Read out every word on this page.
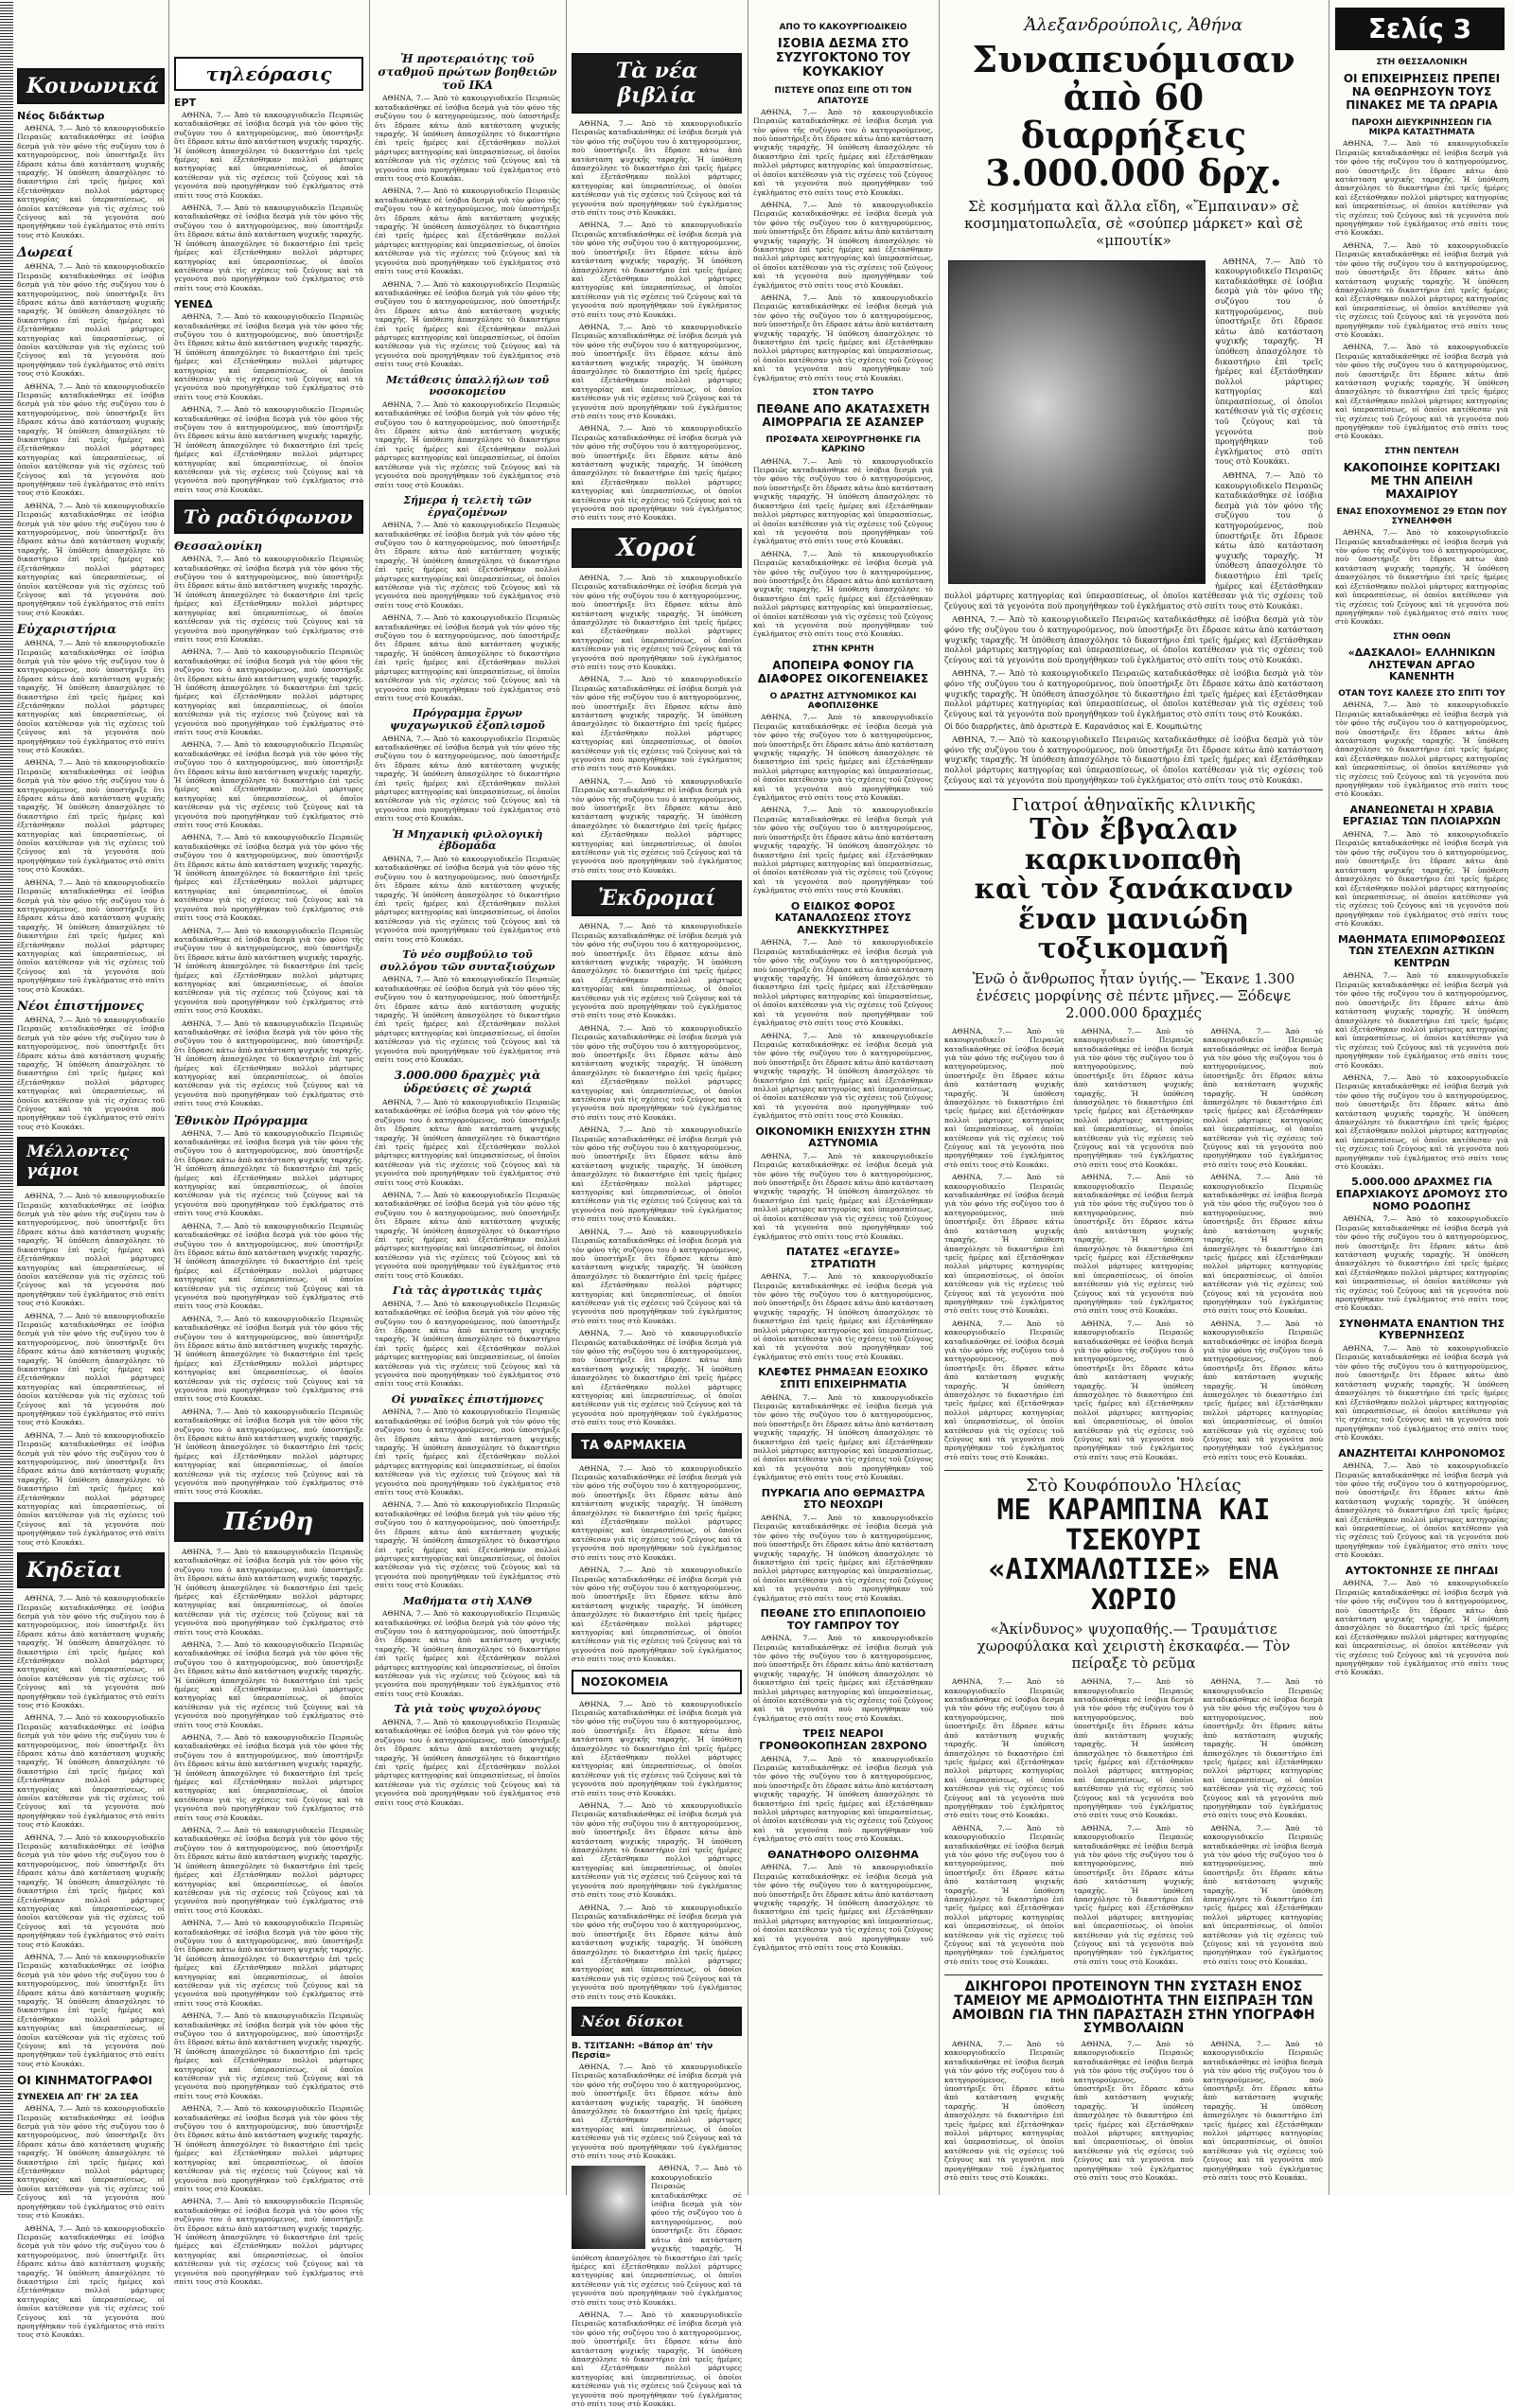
Κοινωνικά
Νέος διδάκτωρ

ΑΘΗΝΑ, 7.— Ἀπὸ τὸ κακουργιοδικεῖο Πειραιῶς καταδικάσθηκε σὲ ἰσόβια δεσμὰ γιὰ τὸν φόνο τῆς συζύγου του ὁ κατηγορούμενος, ποὺ ὑποστήριξε ὅτι ἔδρασε κάτω ἀπὸ κατάσταση ψυχικῆς ταραχῆς. Ἡ ὑπόθεση ἀπασχόλησε τὸ δικαστήριο ἐπὶ τρεῖς ἡμέρες καὶ ἐξετάσθηκαν πολλοὶ μάρτυρες κατηγορίας καὶ ὑπερασπίσεως, οἱ ὁποῖοι κατέθεσαν γιὰ τὶς σχέσεις τοῦ ζεύγους καὶ τὰ γεγονότα ποὺ προηγήθηκαν τοῦ ἐγκλήματος στὸ σπίτι τους στὸ Κουκάκι.

Δωρεαί

ΑΘΗΝΑ, 7.— Ἀπὸ τὸ κακουργιοδικεῖο Πειραιῶς καταδικάσθηκε σὲ ἰσόβια δεσμὰ γιὰ τὸν φόνο τῆς συζύγου του ὁ κατηγορούμενος, ποὺ ὑποστήριξε ὅτι ἔδρασε κάτω ἀπὸ κατάσταση ψυχικῆς ταραχῆς. Ἡ ὑπόθεση ἀπασχόλησε τὸ δικαστήριο ἐπὶ τρεῖς ἡμέρες καὶ ἐξετάσθηκαν πολλοὶ μάρτυρες κατηγορίας καὶ ὑπερασπίσεως, οἱ ὁποῖοι κατέθεσαν γιὰ τὶς σχέσεις τοῦ ζεύγους καὶ τὰ γεγονότα ποὺ προηγήθηκαν τοῦ ἐγκλήματος στὸ σπίτι τους στὸ Κουκάκι.

ΑΘΗΝΑ, 7.— Ἀπὸ τὸ κακουργιοδικεῖο Πειραιῶς καταδικάσθηκε σὲ ἰσόβια δεσμὰ γιὰ τὸν φόνο τῆς συζύγου του ὁ κατηγορούμενος, ποὺ ὑποστήριξε ὅτι ἔδρασε κάτω ἀπὸ κατάσταση ψυχικῆς ταραχῆς. Ἡ ὑπόθεση ἀπασχόλησε τὸ δικαστήριο ἐπὶ τρεῖς ἡμέρες καὶ ἐξετάσθηκαν πολλοὶ μάρτυρες κατηγορίας καὶ ὑπερασπίσεως, οἱ ὁποῖοι κατέθεσαν γιὰ τὶς σχέσεις τοῦ ζεύγους καὶ τὰ γεγονότα ποὺ προηγήθηκαν τοῦ ἐγκλήματος στὸ σπίτι τους στὸ Κουκάκι.

ΑΘΗΝΑ, 7.— Ἀπὸ τὸ κακουργιοδικεῖο Πειραιῶς καταδικάσθηκε σὲ ἰσόβια δεσμὰ γιὰ τὸν φόνο τῆς συζύγου του ὁ κατηγορούμενος, ποὺ ὑποστήριξε ὅτι ἔδρασε κάτω ἀπὸ κατάσταση ψυχικῆς ταραχῆς. Ἡ ὑπόθεση ἀπασχόλησε τὸ δικαστήριο ἐπὶ τρεῖς ἡμέρες καὶ ἐξετάσθηκαν πολλοὶ μάρτυρες κατηγορίας καὶ ὑπερασπίσεως, οἱ ὁποῖοι κατέθεσαν γιὰ τὶς σχέσεις τοῦ ζεύγους καὶ τὰ γεγονότα ποὺ προηγήθηκαν τοῦ ἐγκλήματος στὸ σπίτι τους στὸ Κουκάκι.

Εὐχαριστήρια

ΑΘΗΝΑ, 7.— Ἀπὸ τὸ κακουργιοδικεῖο Πειραιῶς καταδικάσθηκε σὲ ἰσόβια δεσμὰ γιὰ τὸν φόνο τῆς συζύγου του ὁ κατηγορούμενος, ποὺ ὑποστήριξε ὅτι ἔδρασε κάτω ἀπὸ κατάσταση ψυχικῆς ταραχῆς. Ἡ ὑπόθεση ἀπασχόλησε τὸ δικαστήριο ἐπὶ τρεῖς ἡμέρες καὶ ἐξετάσθηκαν πολλοὶ μάρτυρες κατηγορίας καὶ ὑπερασπίσεως, οἱ ὁποῖοι κατέθεσαν γιὰ τὶς σχέσεις τοῦ ζεύγους καὶ τὰ γεγονότα ποὺ προηγήθηκαν τοῦ ἐγκλήματος στὸ σπίτι τους στὸ Κουκάκι.

ΑΘΗΝΑ, 7.— Ἀπὸ τὸ κακουργιοδικεῖο Πειραιῶς καταδικάσθηκε σὲ ἰσόβια δεσμὰ γιὰ τὸν φόνο τῆς συζύγου του ὁ κατηγορούμενος, ποὺ ὑποστήριξε ὅτι ἔδρασε κάτω ἀπὸ κατάσταση ψυχικῆς ταραχῆς. Ἡ ὑπόθεση ἀπασχόλησε τὸ δικαστήριο ἐπὶ τρεῖς ἡμέρες καὶ ἐξετάσθηκαν πολλοὶ μάρτυρες κατηγορίας καὶ ὑπερασπίσεως, οἱ ὁποῖοι κατέθεσαν γιὰ τὶς σχέσεις τοῦ ζεύγους καὶ τὰ γεγονότα ποὺ προηγήθηκαν τοῦ ἐγκλήματος στὸ σπίτι τους στὸ Κουκάκι.

ΑΘΗΝΑ, 7.— Ἀπὸ τὸ κακουργιοδικεῖο Πειραιῶς καταδικάσθηκε σὲ ἰσόβια δεσμὰ γιὰ τὸν φόνο τῆς συζύγου του ὁ κατηγορούμενος, ποὺ ὑποστήριξε ὅτι ἔδρασε κάτω ἀπὸ κατάσταση ψυχικῆς ταραχῆς. Ἡ ὑπόθεση ἀπασχόλησε τὸ δικαστήριο ἐπὶ τρεῖς ἡμέρες καὶ ἐξετάσθηκαν πολλοὶ μάρτυρες κατηγορίας καὶ ὑπερασπίσεως, οἱ ὁποῖοι κατέθεσαν γιὰ τὶς σχέσεις τοῦ ζεύγους καὶ τὰ γεγονότα ποὺ προηγήθηκαν τοῦ ἐγκλήματος στὸ σπίτι τους στὸ Κουκάκι.

Νέοι ἐπιστήμονες

ΑΘΗΝΑ, 7.— Ἀπὸ τὸ κακουργιοδικεῖο Πειραιῶς καταδικάσθηκε σὲ ἰσόβια δεσμὰ γιὰ τὸν φόνο τῆς συζύγου του ὁ κατηγορούμενος, ποὺ ὑποστήριξε ὅτι ἔδρασε κάτω ἀπὸ κατάσταση ψυχικῆς ταραχῆς. Ἡ ὑπόθεση ἀπασχόλησε τὸ δικαστήριο ἐπὶ τρεῖς ἡμέρες καὶ ἐξετάσθηκαν πολλοὶ μάρτυρες κατηγορίας καὶ ὑπερασπίσεως, οἱ ὁποῖοι κατέθεσαν γιὰ τὶς σχέσεις τοῦ ζεύγους καὶ τὰ γεγονότα ποὺ προηγήθηκαν τοῦ ἐγκλήματος στὸ σπίτι τους στὸ Κουκάκι.

Μέλλοντες γάμοι

ΑΘΗΝΑ, 7.— Ἀπὸ τὸ κακουργιοδικεῖο Πειραιῶς καταδικάσθηκε σὲ ἰσόβια δεσμὰ γιὰ τὸν φόνο τῆς συζύγου του ὁ κατηγορούμενος, ποὺ ὑποστήριξε ὅτι ἔδρασε κάτω ἀπὸ κατάσταση ψυχικῆς ταραχῆς. Ἡ ὑπόθεση ἀπασχόλησε τὸ δικαστήριο ἐπὶ τρεῖς ἡμέρες καὶ ἐξετάσθηκαν πολλοὶ μάρτυρες κατηγορίας καὶ ὑπερασπίσεως, οἱ ὁποῖοι κατέθεσαν γιὰ τὶς σχέσεις τοῦ ζεύγους καὶ τὰ γεγονότα ποὺ προηγήθηκαν τοῦ ἐγκλήματος στὸ σπίτι τους στὸ Κουκάκι.

ΑΘΗΝΑ, 7.— Ἀπὸ τὸ κακουργιοδικεῖο Πειραιῶς καταδικάσθηκε σὲ ἰσόβια δεσμὰ γιὰ τὸν φόνο τῆς συζύγου του ὁ κατηγορούμενος, ποὺ ὑποστήριξε ὅτι ἔδρασε κάτω ἀπὸ κατάσταση ψυχικῆς ταραχῆς. Ἡ ὑπόθεση ἀπασχόλησε τὸ δικαστήριο ἐπὶ τρεῖς ἡμέρες καὶ ἐξετάσθηκαν πολλοὶ μάρτυρες κατηγορίας καὶ ὑπερασπίσεως, οἱ ὁποῖοι κατέθεσαν γιὰ τὶς σχέσεις τοῦ ζεύγους καὶ τὰ γεγονότα ποὺ προηγήθηκαν τοῦ ἐγκλήματος στὸ σπίτι τους στὸ Κουκάκι.

ΑΘΗΝΑ, 7.— Ἀπὸ τὸ κακουργιοδικεῖο Πειραιῶς καταδικάσθηκε σὲ ἰσόβια δεσμὰ γιὰ τὸν φόνο τῆς συζύγου του ὁ κατηγορούμενος, ποὺ ὑποστήριξε ὅτι ἔδρασε κάτω ἀπὸ κατάσταση ψυχικῆς ταραχῆς. Ἡ ὑπόθεση ἀπασχόλησε τὸ δικαστήριο ἐπὶ τρεῖς ἡμέρες καὶ ἐξετάσθηκαν πολλοὶ μάρτυρες κατηγορίας καὶ ὑπερασπίσεως, οἱ ὁποῖοι κατέθεσαν γιὰ τὶς σχέσεις τοῦ ζεύγους καὶ τὰ γεγονότα ποὺ προηγήθηκαν τοῦ ἐγκλήματος στὸ σπίτι τους στὸ Κουκάκι.

Κηδεῖαι

ΑΘΗΝΑ, 7.— Ἀπὸ τὸ κακουργιοδικεῖο Πειραιῶς καταδικάσθηκε σὲ ἰσόβια δεσμὰ γιὰ τὸν φόνο τῆς συζύγου του ὁ κατηγορούμενος, ποὺ ὑποστήριξε ὅτι ἔδρασε κάτω ἀπὸ κατάσταση ψυχικῆς ταραχῆς. Ἡ ὑπόθεση ἀπασχόλησε τὸ δικαστήριο ἐπὶ τρεῖς ἡμέρες καὶ ἐξετάσθηκαν πολλοὶ μάρτυρες κατηγορίας καὶ ὑπερασπίσεως, οἱ ὁποῖοι κατέθεσαν γιὰ τὶς σχέσεις τοῦ ζεύγους καὶ τὰ γεγονότα ποὺ προηγήθηκαν τοῦ ἐγκλήματος στὸ σπίτι τους στὸ Κουκάκι.

ΑΘΗΝΑ, 7.— Ἀπὸ τὸ κακουργιοδικεῖο Πειραιῶς καταδικάσθηκε σὲ ἰσόβια δεσμὰ γιὰ τὸν φόνο τῆς συζύγου του ὁ κατηγορούμενος, ποὺ ὑποστήριξε ὅτι ἔδρασε κάτω ἀπὸ κατάσταση ψυχικῆς ταραχῆς. Ἡ ὑπόθεση ἀπασχόλησε τὸ δικαστήριο ἐπὶ τρεῖς ἡμέρες καὶ ἐξετάσθηκαν πολλοὶ μάρτυρες κατηγορίας καὶ ὑπερασπίσεως, οἱ ὁποῖοι κατέθεσαν γιὰ τὶς σχέσεις τοῦ ζεύγους καὶ τὰ γεγονότα ποὺ προηγήθηκαν τοῦ ἐγκλήματος στὸ σπίτι τους στὸ Κουκάκι.

ΑΘΗΝΑ, 7.— Ἀπὸ τὸ κακουργιοδικεῖο Πειραιῶς καταδικάσθηκε σὲ ἰσόβια δεσμὰ γιὰ τὸν φόνο τῆς συζύγου του ὁ κατηγορούμενος, ποὺ ὑποστήριξε ὅτι ἔδρασε κάτω ἀπὸ κατάσταση ψυχικῆς ταραχῆς. Ἡ ὑπόθεση ἀπασχόλησε τὸ δικαστήριο ἐπὶ τρεῖς ἡμέρες καὶ ἐξετάσθηκαν πολλοὶ μάρτυρες κατηγορίας καὶ ὑπερασπίσεως, οἱ ὁποῖοι κατέθεσαν γιὰ τὶς σχέσεις τοῦ ζεύγους καὶ τὰ γεγονότα ποὺ προηγήθηκαν τοῦ ἐγκλήματος στὸ σπίτι τους στὸ Κουκάκι.

ΑΘΗΝΑ, 7.— Ἀπὸ τὸ κακουργιοδικεῖο Πειραιῶς καταδικάσθηκε σὲ ἰσόβια δεσμὰ γιὰ τὸν φόνο τῆς συζύγου του ὁ κατηγορούμενος, ποὺ ὑποστήριξε ὅτι ἔδρασε κάτω ἀπὸ κατάσταση ψυχικῆς ταραχῆς. Ἡ ὑπόθεση ἀπασχόλησε τὸ δικαστήριο ἐπὶ τρεῖς ἡμέρες καὶ ἐξετάσθηκαν πολλοὶ μάρτυρες κατηγορίας καὶ ὑπερασπίσεως, οἱ ὁποῖοι κατέθεσαν γιὰ τὶς σχέσεις τοῦ ζεύγους καὶ τὰ γεγονότα ποὺ προηγήθηκαν τοῦ ἐγκλήματος στὸ σπίτι τους στὸ Κουκάκι.

ΟΙ ΚΙΝΗΜΑΤΟΓΡΑΦΟΙ
ΣΥΝΕΧΕΙΑ ΑΠ' ΓΗ' 2Α ΣΕΑ

ΑΘΗΝΑ, 7.— Ἀπὸ τὸ κακουργιοδικεῖο Πειραιῶς καταδικάσθηκε σὲ ἰσόβια δεσμὰ γιὰ τὸν φόνο τῆς συζύγου του ὁ κατηγορούμενος, ποὺ ὑποστήριξε ὅτι ἔδρασε κάτω ἀπὸ κατάσταση ψυχικῆς ταραχῆς. Ἡ ὑπόθεση ἀπασχόλησε τὸ δικαστήριο ἐπὶ τρεῖς ἡμέρες καὶ ἐξετάσθηκαν πολλοὶ μάρτυρες κατηγορίας καὶ ὑπερασπίσεως, οἱ ὁποῖοι κατέθεσαν γιὰ τὶς σχέσεις τοῦ ζεύγους καὶ τὰ γεγονότα ποὺ προηγήθηκαν τοῦ ἐγκλήματος στὸ σπίτι τους στὸ Κουκάκι.

ΑΘΗΝΑ, 7.— Ἀπὸ τὸ κακουργιοδικεῖο Πειραιῶς καταδικάσθηκε σὲ ἰσόβια δεσμὰ γιὰ τὸν φόνο τῆς συζύγου του ὁ κατηγορούμενος, ποὺ ὑποστήριξε ὅτι ἔδρασε κάτω ἀπὸ κατάσταση ψυχικῆς ταραχῆς. Ἡ ὑπόθεση ἀπασχόλησε τὸ δικαστήριο ἐπὶ τρεῖς ἡμέρες καὶ ἐξετάσθηκαν πολλοὶ μάρτυρες κατηγορίας καὶ ὑπερασπίσεως, οἱ ὁποῖοι κατέθεσαν γιὰ τὶς σχέσεις τοῦ ζεύγους καὶ τὰ γεγονότα ποὺ προηγήθηκαν τοῦ ἐγκλήματος στὸ σπίτι τους στὸ Κουκάκι.

τηλεόρασις
ΕΡΤ

ΑΘΗΝΑ, 7.— Ἀπὸ τὸ κακουργιοδικεῖο Πειραιῶς καταδικάσθηκε σὲ ἰσόβια δεσμὰ γιὰ τὸν φόνο τῆς συζύγου του ὁ κατηγορούμενος, ποὺ ὑποστήριξε ὅτι ἔδρασε κάτω ἀπὸ κατάσταση ψυχικῆς ταραχῆς. Ἡ ὑπόθεση ἀπασχόλησε τὸ δικαστήριο ἐπὶ τρεῖς ἡμέρες καὶ ἐξετάσθηκαν πολλοὶ μάρτυρες κατηγορίας καὶ ὑπερασπίσεως, οἱ ὁποῖοι κατέθεσαν γιὰ τὶς σχέσεις τοῦ ζεύγους καὶ τὰ γεγονότα ποὺ προηγήθηκαν τοῦ ἐγκλήματος στὸ σπίτι τους στὸ Κουκάκι.

ΑΘΗΝΑ, 7.— Ἀπὸ τὸ κακουργιοδικεῖο Πειραιῶς καταδικάσθηκε σὲ ἰσόβια δεσμὰ γιὰ τὸν φόνο τῆς συζύγου του ὁ κατηγορούμενος, ποὺ ὑποστήριξε ὅτι ἔδρασε κάτω ἀπὸ κατάσταση ψυχικῆς ταραχῆς. Ἡ ὑπόθεση ἀπασχόλησε τὸ δικαστήριο ἐπὶ τρεῖς ἡμέρες καὶ ἐξετάσθηκαν πολλοὶ μάρτυρες κατηγορίας καὶ ὑπερασπίσεως, οἱ ὁποῖοι κατέθεσαν γιὰ τὶς σχέσεις τοῦ ζεύγους καὶ τὰ γεγονότα ποὺ προηγήθηκαν τοῦ ἐγκλήματος στὸ σπίτι τους στὸ Κουκάκι.

ΥΕΝΕΔ

ΑΘΗΝΑ, 7.— Ἀπὸ τὸ κακουργιοδικεῖο Πειραιῶς καταδικάσθηκε σὲ ἰσόβια δεσμὰ γιὰ τὸν φόνο τῆς συζύγου του ὁ κατηγορούμενος, ποὺ ὑποστήριξε ὅτι ἔδρασε κάτω ἀπὸ κατάσταση ψυχικῆς ταραχῆς. Ἡ ὑπόθεση ἀπασχόλησε τὸ δικαστήριο ἐπὶ τρεῖς ἡμέρες καὶ ἐξετάσθηκαν πολλοὶ μάρτυρες κατηγορίας καὶ ὑπερασπίσεως, οἱ ὁποῖοι κατέθεσαν γιὰ τὶς σχέσεις τοῦ ζεύγους καὶ τὰ γεγονότα ποὺ προηγήθηκαν τοῦ ἐγκλήματος στὸ σπίτι τους στὸ Κουκάκι.

ΑΘΗΝΑ, 7.— Ἀπὸ τὸ κακουργιοδικεῖο Πειραιῶς καταδικάσθηκε σὲ ἰσόβια δεσμὰ γιὰ τὸν φόνο τῆς συζύγου του ὁ κατηγορούμενος, ποὺ ὑποστήριξε ὅτι ἔδρασε κάτω ἀπὸ κατάσταση ψυχικῆς ταραχῆς. Ἡ ὑπόθεση ἀπασχόλησε τὸ δικαστήριο ἐπὶ τρεῖς ἡμέρες καὶ ἐξετάσθηκαν πολλοὶ μάρτυρες κατηγορίας καὶ ὑπερασπίσεως, οἱ ὁποῖοι κατέθεσαν γιὰ τὶς σχέσεις τοῦ ζεύγους καὶ τὰ γεγονότα ποὺ προηγήθηκαν τοῦ ἐγκλήματος στὸ σπίτι τους στὸ Κουκάκι.

Τὸ ραδιόφωνον
Θεσσαλονίκη

ΑΘΗΝΑ, 7.— Ἀπὸ τὸ κακουργιοδικεῖο Πειραιῶς καταδικάσθηκε σὲ ἰσόβια δεσμὰ γιὰ τὸν φόνο τῆς συζύγου του ὁ κατηγορούμενος, ποὺ ὑποστήριξε ὅτι ἔδρασε κάτω ἀπὸ κατάσταση ψυχικῆς ταραχῆς. Ἡ ὑπόθεση ἀπασχόλησε τὸ δικαστήριο ἐπὶ τρεῖς ἡμέρες καὶ ἐξετάσθηκαν πολλοὶ μάρτυρες κατηγορίας καὶ ὑπερασπίσεως, οἱ ὁποῖοι κατέθεσαν γιὰ τὶς σχέσεις τοῦ ζεύγους καὶ τὰ γεγονότα ποὺ προηγήθηκαν τοῦ ἐγκλήματος στὸ σπίτι τους στὸ Κουκάκι.

ΑΘΗΝΑ, 7.— Ἀπὸ τὸ κακουργιοδικεῖο Πειραιῶς καταδικάσθηκε σὲ ἰσόβια δεσμὰ γιὰ τὸν φόνο τῆς συζύγου του ὁ κατηγορούμενος, ποὺ ὑποστήριξε ὅτι ἔδρασε κάτω ἀπὸ κατάσταση ψυχικῆς ταραχῆς. Ἡ ὑπόθεση ἀπασχόλησε τὸ δικαστήριο ἐπὶ τρεῖς ἡμέρες καὶ ἐξετάσθηκαν πολλοὶ μάρτυρες κατηγορίας καὶ ὑπερασπίσεως, οἱ ὁποῖοι κατέθεσαν γιὰ τὶς σχέσεις τοῦ ζεύγους καὶ τὰ γεγονότα ποὺ προηγήθηκαν τοῦ ἐγκλήματος στὸ σπίτι τους στὸ Κουκάκι.

ΑΘΗΝΑ, 7.— Ἀπὸ τὸ κακουργιοδικεῖο Πειραιῶς καταδικάσθηκε σὲ ἰσόβια δεσμὰ γιὰ τὸν φόνο τῆς συζύγου του ὁ κατηγορούμενος, ποὺ ὑποστήριξε ὅτι ἔδρασε κάτω ἀπὸ κατάσταση ψυχικῆς ταραχῆς. Ἡ ὑπόθεση ἀπασχόλησε τὸ δικαστήριο ἐπὶ τρεῖς ἡμέρες καὶ ἐξετάσθηκαν πολλοὶ μάρτυρες κατηγορίας καὶ ὑπερασπίσεως, οἱ ὁποῖοι κατέθεσαν γιὰ τὶς σχέσεις τοῦ ζεύγους καὶ τὰ γεγονότα ποὺ προηγήθηκαν τοῦ ἐγκλήματος στὸ σπίτι τους στὸ Κουκάκι.

ΑΘΗΝΑ, 7.— Ἀπὸ τὸ κακουργιοδικεῖο Πειραιῶς καταδικάσθηκε σὲ ἰσόβια δεσμὰ γιὰ τὸν φόνο τῆς συζύγου του ὁ κατηγορούμενος, ποὺ ὑποστήριξε ὅτι ἔδρασε κάτω ἀπὸ κατάσταση ψυχικῆς ταραχῆς. Ἡ ὑπόθεση ἀπασχόλησε τὸ δικαστήριο ἐπὶ τρεῖς ἡμέρες καὶ ἐξετάσθηκαν πολλοὶ μάρτυρες κατηγορίας καὶ ὑπερασπίσεως, οἱ ὁποῖοι κατέθεσαν γιὰ τὶς σχέσεις τοῦ ζεύγους καὶ τὰ γεγονότα ποὺ προηγήθηκαν τοῦ ἐγκλήματος στὸ σπίτι τους στὸ Κουκάκι.

ΑΘΗΝΑ, 7.— Ἀπὸ τὸ κακουργιοδικεῖο Πειραιῶς καταδικάσθηκε σὲ ἰσόβια δεσμὰ γιὰ τὸν φόνο τῆς συζύγου του ὁ κατηγορούμενος, ποὺ ὑποστήριξε ὅτι ἔδρασε κάτω ἀπὸ κατάσταση ψυχικῆς ταραχῆς. Ἡ ὑπόθεση ἀπασχόλησε τὸ δικαστήριο ἐπὶ τρεῖς ἡμέρες καὶ ἐξετάσθηκαν πολλοὶ μάρτυρες κατηγορίας καὶ ὑπερασπίσεως, οἱ ὁποῖοι κατέθεσαν γιὰ τὶς σχέσεις τοῦ ζεύγους καὶ τὰ γεγονότα ποὺ προηγήθηκαν τοῦ ἐγκλήματος στὸ σπίτι τους στὸ Κουκάκι.

ΑΘΗΝΑ, 7.— Ἀπὸ τὸ κακουργιοδικεῖο Πειραιῶς καταδικάσθηκε σὲ ἰσόβια δεσμὰ γιὰ τὸν φόνο τῆς συζύγου του ὁ κατηγορούμενος, ποὺ ὑποστήριξε ὅτι ἔδρασε κάτω ἀπὸ κατάσταση ψυχικῆς ταραχῆς. Ἡ ὑπόθεση ἀπασχόλησε τὸ δικαστήριο ἐπὶ τρεῖς ἡμέρες καὶ ἐξετάσθηκαν πολλοὶ μάρτυρες κατηγορίας καὶ ὑπερασπίσεως, οἱ ὁποῖοι κατέθεσαν γιὰ τὶς σχέσεις τοῦ ζεύγους καὶ τὰ γεγονότα ποὺ προηγήθηκαν τοῦ ἐγκλήματος στὸ σπίτι τους στὸ Κουκάκι.

Ἐθνικὸν Πρόγραμμα

ΑΘΗΝΑ, 7.— Ἀπὸ τὸ κακουργιοδικεῖο Πειραιῶς καταδικάσθηκε σὲ ἰσόβια δεσμὰ γιὰ τὸν φόνο τῆς συζύγου του ὁ κατηγορούμενος, ποὺ ὑποστήριξε ὅτι ἔδρασε κάτω ἀπὸ κατάσταση ψυχικῆς ταραχῆς. Ἡ ὑπόθεση ἀπασχόλησε τὸ δικαστήριο ἐπὶ τρεῖς ἡμέρες καὶ ἐξετάσθηκαν πολλοὶ μάρτυρες κατηγορίας καὶ ὑπερασπίσεως, οἱ ὁποῖοι κατέθεσαν γιὰ τὶς σχέσεις τοῦ ζεύγους καὶ τὰ γεγονότα ποὺ προηγήθηκαν τοῦ ἐγκλήματος στὸ σπίτι τους στὸ Κουκάκι.

ΑΘΗΝΑ, 7.— Ἀπὸ τὸ κακουργιοδικεῖο Πειραιῶς καταδικάσθηκε σὲ ἰσόβια δεσμὰ γιὰ τὸν φόνο τῆς συζύγου του ὁ κατηγορούμενος, ποὺ ὑποστήριξε ὅτι ἔδρασε κάτω ἀπὸ κατάσταση ψυχικῆς ταραχῆς. Ἡ ὑπόθεση ἀπασχόλησε τὸ δικαστήριο ἐπὶ τρεῖς ἡμέρες καὶ ἐξετάσθηκαν πολλοὶ μάρτυρες κατηγορίας καὶ ὑπερασπίσεως, οἱ ὁποῖοι κατέθεσαν γιὰ τὶς σχέσεις τοῦ ζεύγους καὶ τὰ γεγονότα ποὺ προηγήθηκαν τοῦ ἐγκλήματος στὸ σπίτι τους στὸ Κουκάκι.

ΑΘΗΝΑ, 7.— Ἀπὸ τὸ κακουργιοδικεῖο Πειραιῶς καταδικάσθηκε σὲ ἰσόβια δεσμὰ γιὰ τὸν φόνο τῆς συζύγου του ὁ κατηγορούμενος, ποὺ ὑποστήριξε ὅτι ἔδρασε κάτω ἀπὸ κατάσταση ψυχικῆς ταραχῆς. Ἡ ὑπόθεση ἀπασχόλησε τὸ δικαστήριο ἐπὶ τρεῖς ἡμέρες καὶ ἐξετάσθηκαν πολλοὶ μάρτυρες κατηγορίας καὶ ὑπερασπίσεως, οἱ ὁποῖοι κατέθεσαν γιὰ τὶς σχέσεις τοῦ ζεύγους καὶ τὰ γεγονότα ποὺ προηγήθηκαν τοῦ ἐγκλήματος στὸ σπίτι τους στὸ Κουκάκι.

ΑΘΗΝΑ, 7.— Ἀπὸ τὸ κακουργιοδικεῖο Πειραιῶς καταδικάσθηκε σὲ ἰσόβια δεσμὰ γιὰ τὸν φόνο τῆς συζύγου του ὁ κατηγορούμενος, ποὺ ὑποστήριξε ὅτι ἔδρασε κάτω ἀπὸ κατάσταση ψυχικῆς ταραχῆς. Ἡ ὑπόθεση ἀπασχόλησε τὸ δικαστήριο ἐπὶ τρεῖς ἡμέρες καὶ ἐξετάσθηκαν πολλοὶ μάρτυρες κατηγορίας καὶ ὑπερασπίσεως, οἱ ὁποῖοι κατέθεσαν γιὰ τὶς σχέσεις τοῦ ζεύγους καὶ τὰ γεγονότα ποὺ προηγήθηκαν τοῦ ἐγκλήματος στὸ σπίτι τους στὸ Κουκάκι.

Πένθη

ΑΘΗΝΑ, 7.— Ἀπὸ τὸ κακουργιοδικεῖο Πειραιῶς καταδικάσθηκε σὲ ἰσόβια δεσμὰ γιὰ τὸν φόνο τῆς συζύγου του ὁ κατηγορούμενος, ποὺ ὑποστήριξε ὅτι ἔδρασε κάτω ἀπὸ κατάσταση ψυχικῆς ταραχῆς. Ἡ ὑπόθεση ἀπασχόλησε τὸ δικαστήριο ἐπὶ τρεῖς ἡμέρες καὶ ἐξετάσθηκαν πολλοὶ μάρτυρες κατηγορίας καὶ ὑπερασπίσεως, οἱ ὁποῖοι κατέθεσαν γιὰ τὶς σχέσεις τοῦ ζεύγους καὶ τὰ γεγονότα ποὺ προηγήθηκαν τοῦ ἐγκλήματος στὸ σπίτι τους στὸ Κουκάκι.

ΑΘΗΝΑ, 7.— Ἀπὸ τὸ κακουργιοδικεῖο Πειραιῶς καταδικάσθηκε σὲ ἰσόβια δεσμὰ γιὰ τὸν φόνο τῆς συζύγου του ὁ κατηγορούμενος, ποὺ ὑποστήριξε ὅτι ἔδρασε κάτω ἀπὸ κατάσταση ψυχικῆς ταραχῆς. Ἡ ὑπόθεση ἀπασχόλησε τὸ δικαστήριο ἐπὶ τρεῖς ἡμέρες καὶ ἐξετάσθηκαν πολλοὶ μάρτυρες κατηγορίας καὶ ὑπερασπίσεως, οἱ ὁποῖοι κατέθεσαν γιὰ τὶς σχέσεις τοῦ ζεύγους καὶ τὰ γεγονότα ποὺ προηγήθηκαν τοῦ ἐγκλήματος στὸ σπίτι τους στὸ Κουκάκι.

ΑΘΗΝΑ, 7.— Ἀπὸ τὸ κακουργιοδικεῖο Πειραιῶς καταδικάσθηκε σὲ ἰσόβια δεσμὰ γιὰ τὸν φόνο τῆς συζύγου του ὁ κατηγορούμενος, ποὺ ὑποστήριξε ὅτι ἔδρασε κάτω ἀπὸ κατάσταση ψυχικῆς ταραχῆς. Ἡ ὑπόθεση ἀπασχόλησε τὸ δικαστήριο ἐπὶ τρεῖς ἡμέρες καὶ ἐξετάσθηκαν πολλοὶ μάρτυρες κατηγορίας καὶ ὑπερασπίσεως, οἱ ὁποῖοι κατέθεσαν γιὰ τὶς σχέσεις τοῦ ζεύγους καὶ τὰ γεγονότα ποὺ προηγήθηκαν τοῦ ἐγκλήματος στὸ σπίτι τους στὸ Κουκάκι.

ΑΘΗΝΑ, 7.— Ἀπὸ τὸ κακουργιοδικεῖο Πειραιῶς καταδικάσθηκε σὲ ἰσόβια δεσμὰ γιὰ τὸν φόνο τῆς συζύγου του ὁ κατηγορούμενος, ποὺ ὑποστήριξε ὅτι ἔδρασε κάτω ἀπὸ κατάσταση ψυχικῆς ταραχῆς. Ἡ ὑπόθεση ἀπασχόλησε τὸ δικαστήριο ἐπὶ τρεῖς ἡμέρες καὶ ἐξετάσθηκαν πολλοὶ μάρτυρες κατηγορίας καὶ ὑπερασπίσεως, οἱ ὁποῖοι κατέθεσαν γιὰ τὶς σχέσεις τοῦ ζεύγους καὶ τὰ γεγονότα ποὺ προηγήθηκαν τοῦ ἐγκλήματος στὸ σπίτι τους στὸ Κουκάκι.

ΑΘΗΝΑ, 7.— Ἀπὸ τὸ κακουργιοδικεῖο Πειραιῶς καταδικάσθηκε σὲ ἰσόβια δεσμὰ γιὰ τὸν φόνο τῆς συζύγου του ὁ κατηγορούμενος, ποὺ ὑποστήριξε ὅτι ἔδρασε κάτω ἀπὸ κατάσταση ψυχικῆς ταραχῆς. Ἡ ὑπόθεση ἀπασχόλησε τὸ δικαστήριο ἐπὶ τρεῖς ἡμέρες καὶ ἐξετάσθηκαν πολλοὶ μάρτυρες κατηγορίας καὶ ὑπερασπίσεως, οἱ ὁποῖοι κατέθεσαν γιὰ τὶς σχέσεις τοῦ ζεύγους καὶ τὰ γεγονότα ποὺ προηγήθηκαν τοῦ ἐγκλήματος στὸ σπίτι τους στὸ Κουκάκι.

ΑΘΗΝΑ, 7.— Ἀπὸ τὸ κακουργιοδικεῖο Πειραιῶς καταδικάσθηκε σὲ ἰσόβια δεσμὰ γιὰ τὸν φόνο τῆς συζύγου του ὁ κατηγορούμενος, ποὺ ὑποστήριξε ὅτι ἔδρασε κάτω ἀπὸ κατάσταση ψυχικῆς ταραχῆς. Ἡ ὑπόθεση ἀπασχόλησε τὸ δικαστήριο ἐπὶ τρεῖς ἡμέρες καὶ ἐξετάσθηκαν πολλοὶ μάρτυρες κατηγορίας καὶ ὑπερασπίσεως, οἱ ὁποῖοι κατέθεσαν γιὰ τὶς σχέσεις τοῦ ζεύγους καὶ τὰ γεγονότα ποὺ προηγήθηκαν τοῦ ἐγκλήματος στὸ σπίτι τους στὸ Κουκάκι.

ΑΘΗΝΑ, 7.— Ἀπὸ τὸ κακουργιοδικεῖο Πειραιῶς καταδικάσθηκε σὲ ἰσόβια δεσμὰ γιὰ τὸν φόνο τῆς συζύγου του ὁ κατηγορούμενος, ποὺ ὑποστήριξε ὅτι ἔδρασε κάτω ἀπὸ κατάσταση ψυχικῆς ταραχῆς. Ἡ ὑπόθεση ἀπασχόλησε τὸ δικαστήριο ἐπὶ τρεῖς ἡμέρες καὶ ἐξετάσθηκαν πολλοὶ μάρτυρες κατηγορίας καὶ ὑπερασπίσεως, οἱ ὁποῖοι κατέθεσαν γιὰ τὶς σχέσεις τοῦ ζεύγους καὶ τὰ γεγονότα ποὺ προηγήθηκαν τοῦ ἐγκλήματος στὸ σπίτι τους στὸ Κουκάκι.

ΑΘΗΝΑ, 7.— Ἀπὸ τὸ κακουργιοδικεῖο Πειραιῶς καταδικάσθηκε σὲ ἰσόβια δεσμὰ γιὰ τὸν φόνο τῆς συζύγου του ὁ κατηγορούμενος, ποὺ ὑποστήριξε ὅτι ἔδρασε κάτω ἀπὸ κατάσταση ψυχικῆς ταραχῆς. Ἡ ὑπόθεση ἀπασχόλησε τὸ δικαστήριο ἐπὶ τρεῖς ἡμέρες καὶ ἐξετάσθηκαν πολλοὶ μάρτυρες κατηγορίας καὶ ὑπερασπίσεως, οἱ ὁποῖοι κατέθεσαν γιὰ τὶς σχέσεις τοῦ ζεύγους καὶ τὰ γεγονότα ποὺ προηγήθηκαν τοῦ ἐγκλήματος στὸ σπίτι τους στὸ Κουκάκι.

Ἡ προτεραιότης τοῦ σταθμοῦ πρώτων βοηθειῶν τοῦ ΙΚΑ

ΑΘΗΝΑ, 7.— Ἀπὸ τὸ κακουργιοδικεῖο Πειραιῶς καταδικάσθηκε σὲ ἰσόβια δεσμὰ γιὰ τὸν φόνο τῆς συζύγου του ὁ κατηγορούμενος, ποὺ ὑποστήριξε ὅτι ἔδρασε κάτω ἀπὸ κατάσταση ψυχικῆς ταραχῆς. Ἡ ὑπόθεση ἀπασχόλησε τὸ δικαστήριο ἐπὶ τρεῖς ἡμέρες καὶ ἐξετάσθηκαν πολλοὶ μάρτυρες κατηγορίας καὶ ὑπερασπίσεως, οἱ ὁποῖοι κατέθεσαν γιὰ τὶς σχέσεις τοῦ ζεύγους καὶ τὰ γεγονότα ποὺ προηγήθηκαν τοῦ ἐγκλήματος στὸ σπίτι τους στὸ Κουκάκι.

ΑΘΗΝΑ, 7.— Ἀπὸ τὸ κακουργιοδικεῖο Πειραιῶς καταδικάσθηκε σὲ ἰσόβια δεσμὰ γιὰ τὸν φόνο τῆς συζύγου του ὁ κατηγορούμενος, ποὺ ὑποστήριξε ὅτι ἔδρασε κάτω ἀπὸ κατάσταση ψυχικῆς ταραχῆς. Ἡ ὑπόθεση ἀπασχόλησε τὸ δικαστήριο ἐπὶ τρεῖς ἡμέρες καὶ ἐξετάσθηκαν πολλοὶ μάρτυρες κατηγορίας καὶ ὑπερασπίσεως, οἱ ὁποῖοι κατέθεσαν γιὰ τὶς σχέσεις τοῦ ζεύγους καὶ τὰ γεγονότα ποὺ προηγήθηκαν τοῦ ἐγκλήματος στὸ σπίτι τους στὸ Κουκάκι.

ΑΘΗΝΑ, 7.— Ἀπὸ τὸ κακουργιοδικεῖο Πειραιῶς καταδικάσθηκε σὲ ἰσόβια δεσμὰ γιὰ τὸν φόνο τῆς συζύγου του ὁ κατηγορούμενος, ποὺ ὑποστήριξε ὅτι ἔδρασε κάτω ἀπὸ κατάσταση ψυχικῆς ταραχῆς. Ἡ ὑπόθεση ἀπασχόλησε τὸ δικαστήριο ἐπὶ τρεῖς ἡμέρες καὶ ἐξετάσθηκαν πολλοὶ μάρτυρες κατηγορίας καὶ ὑπερασπίσεως, οἱ ὁποῖοι κατέθεσαν γιὰ τὶς σχέσεις τοῦ ζεύγους καὶ τὰ γεγονότα ποὺ προηγήθηκαν τοῦ ἐγκλήματος στὸ σπίτι τους στὸ Κουκάκι.

Μετάθεσις ὑπαλλήλων τοῦ νοσοκομείου

ΑΘΗΝΑ, 7.— Ἀπὸ τὸ κακουργιοδικεῖο Πειραιῶς καταδικάσθηκε σὲ ἰσόβια δεσμὰ γιὰ τὸν φόνο τῆς συζύγου του ὁ κατηγορούμενος, ποὺ ὑποστήριξε ὅτι ἔδρασε κάτω ἀπὸ κατάσταση ψυχικῆς ταραχῆς. Ἡ ὑπόθεση ἀπασχόλησε τὸ δικαστήριο ἐπὶ τρεῖς ἡμέρες καὶ ἐξετάσθηκαν πολλοὶ μάρτυρες κατηγορίας καὶ ὑπερασπίσεως, οἱ ὁποῖοι κατέθεσαν γιὰ τὶς σχέσεις τοῦ ζεύγους καὶ τὰ γεγονότα ποὺ προηγήθηκαν τοῦ ἐγκλήματος στὸ σπίτι τους στὸ Κουκάκι.

Σήμερα ἡ τελετὴ τῶν ἐργαζομένων

ΑΘΗΝΑ, 7.— Ἀπὸ τὸ κακουργιοδικεῖο Πειραιῶς καταδικάσθηκε σὲ ἰσόβια δεσμὰ γιὰ τὸν φόνο τῆς συζύγου του ὁ κατηγορούμενος, ποὺ ὑποστήριξε ὅτι ἔδρασε κάτω ἀπὸ κατάσταση ψυχικῆς ταραχῆς. Ἡ ὑπόθεση ἀπασχόλησε τὸ δικαστήριο ἐπὶ τρεῖς ἡμέρες καὶ ἐξετάσθηκαν πολλοὶ μάρτυρες κατηγορίας καὶ ὑπερασπίσεως, οἱ ὁποῖοι κατέθεσαν γιὰ τὶς σχέσεις τοῦ ζεύγους καὶ τὰ γεγονότα ποὺ προηγήθηκαν τοῦ ἐγκλήματος στὸ σπίτι τους στὸ Κουκάκι.

ΑΘΗΝΑ, 7.— Ἀπὸ τὸ κακουργιοδικεῖο Πειραιῶς καταδικάσθηκε σὲ ἰσόβια δεσμὰ γιὰ τὸν φόνο τῆς συζύγου του ὁ κατηγορούμενος, ποὺ ὑποστήριξε ὅτι ἔδρασε κάτω ἀπὸ κατάσταση ψυχικῆς ταραχῆς. Ἡ ὑπόθεση ἀπασχόλησε τὸ δικαστήριο ἐπὶ τρεῖς ἡμέρες καὶ ἐξετάσθηκαν πολλοὶ μάρτυρες κατηγορίας καὶ ὑπερασπίσεως, οἱ ὁποῖοι κατέθεσαν γιὰ τὶς σχέσεις τοῦ ζεύγους καὶ τὰ γεγονότα ποὺ προηγήθηκαν τοῦ ἐγκλήματος στὸ σπίτι τους στὸ Κουκάκι.

Πρόγραμμα ἔργων ψυχαγωγικοῦ ἐξοπλισμοῦ

ΑΘΗΝΑ, 7.— Ἀπὸ τὸ κακουργιοδικεῖο Πειραιῶς καταδικάσθηκε σὲ ἰσόβια δεσμὰ γιὰ τὸν φόνο τῆς συζύγου του ὁ κατηγορούμενος, ποὺ ὑποστήριξε ὅτι ἔδρασε κάτω ἀπὸ κατάσταση ψυχικῆς ταραχῆς. Ἡ ὑπόθεση ἀπασχόλησε τὸ δικαστήριο ἐπὶ τρεῖς ἡμέρες καὶ ἐξετάσθηκαν πολλοὶ μάρτυρες κατηγορίας καὶ ὑπερασπίσεως, οἱ ὁποῖοι κατέθεσαν γιὰ τὶς σχέσεις τοῦ ζεύγους καὶ τὰ γεγονότα ποὺ προηγήθηκαν τοῦ ἐγκλήματος στὸ σπίτι τους στὸ Κουκάκι.

Ἡ Μηχανικὴ φιλολογικὴ ἑβδομάδα

ΑΘΗΝΑ, 7.— Ἀπὸ τὸ κακουργιοδικεῖο Πειραιῶς καταδικάσθηκε σὲ ἰσόβια δεσμὰ γιὰ τὸν φόνο τῆς συζύγου του ὁ κατηγορούμενος, ποὺ ὑποστήριξε ὅτι ἔδρασε κάτω ἀπὸ κατάσταση ψυχικῆς ταραχῆς. Ἡ ὑπόθεση ἀπασχόλησε τὸ δικαστήριο ἐπὶ τρεῖς ἡμέρες καὶ ἐξετάσθηκαν πολλοὶ μάρτυρες κατηγορίας καὶ ὑπερασπίσεως, οἱ ὁποῖοι κατέθεσαν γιὰ τὶς σχέσεις τοῦ ζεύγους καὶ τὰ γεγονότα ποὺ προηγήθηκαν τοῦ ἐγκλήματος στὸ σπίτι τους στὸ Κουκάκι.

Τὸ νέο συμβούλιο τοῦ συλλόγου τῶν συνταξιούχων

ΑΘΗΝΑ, 7.— Ἀπὸ τὸ κακουργιοδικεῖο Πειραιῶς καταδικάσθηκε σὲ ἰσόβια δεσμὰ γιὰ τὸν φόνο τῆς συζύγου του ὁ κατηγορούμενος, ποὺ ὑποστήριξε ὅτι ἔδρασε κάτω ἀπὸ κατάσταση ψυχικῆς ταραχῆς. Ἡ ὑπόθεση ἀπασχόλησε τὸ δικαστήριο ἐπὶ τρεῖς ἡμέρες καὶ ἐξετάσθηκαν πολλοὶ μάρτυρες κατηγορίας καὶ ὑπερασπίσεως, οἱ ὁποῖοι κατέθεσαν γιὰ τὶς σχέσεις τοῦ ζεύγους καὶ τὰ γεγονότα ποὺ προηγήθηκαν τοῦ ἐγκλήματος στὸ σπίτι τους στὸ Κουκάκι.

3.000.000 δραχμὲς γιὰ ὑδρεύσεις σὲ χωριά

ΑΘΗΝΑ, 7.— Ἀπὸ τὸ κακουργιοδικεῖο Πειραιῶς καταδικάσθηκε σὲ ἰσόβια δεσμὰ γιὰ τὸν φόνο τῆς συζύγου του ὁ κατηγορούμενος, ποὺ ὑποστήριξε ὅτι ἔδρασε κάτω ἀπὸ κατάσταση ψυχικῆς ταραχῆς. Ἡ ὑπόθεση ἀπασχόλησε τὸ δικαστήριο ἐπὶ τρεῖς ἡμέρες καὶ ἐξετάσθηκαν πολλοὶ μάρτυρες κατηγορίας καὶ ὑπερασπίσεως, οἱ ὁποῖοι κατέθεσαν γιὰ τὶς σχέσεις τοῦ ζεύγους καὶ τὰ γεγονότα ποὺ προηγήθηκαν τοῦ ἐγκλήματος στὸ σπίτι τους στὸ Κουκάκι.

ΑΘΗΝΑ, 7.— Ἀπὸ τὸ κακουργιοδικεῖο Πειραιῶς καταδικάσθηκε σὲ ἰσόβια δεσμὰ γιὰ τὸν φόνο τῆς συζύγου του ὁ κατηγορούμενος, ποὺ ὑποστήριξε ὅτι ἔδρασε κάτω ἀπὸ κατάσταση ψυχικῆς ταραχῆς. Ἡ ὑπόθεση ἀπασχόλησε τὸ δικαστήριο ἐπὶ τρεῖς ἡμέρες καὶ ἐξετάσθηκαν πολλοὶ μάρτυρες κατηγορίας καὶ ὑπερασπίσεως, οἱ ὁποῖοι κατέθεσαν γιὰ τὶς σχέσεις τοῦ ζεύγους καὶ τὰ γεγονότα ποὺ προηγήθηκαν τοῦ ἐγκλήματος στὸ σπίτι τους στὸ Κουκάκι.

Γιὰ τὰς ἀγροτικὰς τιμὰς

ΑΘΗΝΑ, 7.— Ἀπὸ τὸ κακουργιοδικεῖο Πειραιῶς καταδικάσθηκε σὲ ἰσόβια δεσμὰ γιὰ τὸν φόνο τῆς συζύγου του ὁ κατηγορούμενος, ποὺ ὑποστήριξε ὅτι ἔδρασε κάτω ἀπὸ κατάσταση ψυχικῆς ταραχῆς. Ἡ ὑπόθεση ἀπασχόλησε τὸ δικαστήριο ἐπὶ τρεῖς ἡμέρες καὶ ἐξετάσθηκαν πολλοὶ μάρτυρες κατηγορίας καὶ ὑπερασπίσεως, οἱ ὁποῖοι κατέθεσαν γιὰ τὶς σχέσεις τοῦ ζεύγους καὶ τὰ γεγονότα ποὺ προηγήθηκαν τοῦ ἐγκλήματος στὸ σπίτι τους στὸ Κουκάκι.

Οἱ γυναῖκες ἐπιστήμονες

ΑΘΗΝΑ, 7.— Ἀπὸ τὸ κακουργιοδικεῖο Πειραιῶς καταδικάσθηκε σὲ ἰσόβια δεσμὰ γιὰ τὸν φόνο τῆς συζύγου του ὁ κατηγορούμενος, ποὺ ὑποστήριξε ὅτι ἔδρασε κάτω ἀπὸ κατάσταση ψυχικῆς ταραχῆς. Ἡ ὑπόθεση ἀπασχόλησε τὸ δικαστήριο ἐπὶ τρεῖς ἡμέρες καὶ ἐξετάσθηκαν πολλοὶ μάρτυρες κατηγορίας καὶ ὑπερασπίσεως, οἱ ὁποῖοι κατέθεσαν γιὰ τὶς σχέσεις τοῦ ζεύγους καὶ τὰ γεγονότα ποὺ προηγήθηκαν τοῦ ἐγκλήματος στὸ σπίτι τους στὸ Κουκάκι.

ΑΘΗΝΑ, 7.— Ἀπὸ τὸ κακουργιοδικεῖο Πειραιῶς καταδικάσθηκε σὲ ἰσόβια δεσμὰ γιὰ τὸν φόνο τῆς συζύγου του ὁ κατηγορούμενος, ποὺ ὑποστήριξε ὅτι ἔδρασε κάτω ἀπὸ κατάσταση ψυχικῆς ταραχῆς. Ἡ ὑπόθεση ἀπασχόλησε τὸ δικαστήριο ἐπὶ τρεῖς ἡμέρες καὶ ἐξετάσθηκαν πολλοὶ μάρτυρες κατηγορίας καὶ ὑπερασπίσεως, οἱ ὁποῖοι κατέθεσαν γιὰ τὶς σχέσεις τοῦ ζεύγους καὶ τὰ γεγονότα ποὺ προηγήθηκαν τοῦ ἐγκλήματος στὸ σπίτι τους στὸ Κουκάκι.

Μαθήματα στὴ ΧΑΝΘ

ΑΘΗΝΑ, 7.— Ἀπὸ τὸ κακουργιοδικεῖο Πειραιῶς καταδικάσθηκε σὲ ἰσόβια δεσμὰ γιὰ τὸν φόνο τῆς συζύγου του ὁ κατηγορούμενος, ποὺ ὑποστήριξε ὅτι ἔδρασε κάτω ἀπὸ κατάσταση ψυχικῆς ταραχῆς. Ἡ ὑπόθεση ἀπασχόλησε τὸ δικαστήριο ἐπὶ τρεῖς ἡμέρες καὶ ἐξετάσθηκαν πολλοὶ μάρτυρες κατηγορίας καὶ ὑπερασπίσεως, οἱ ὁποῖοι κατέθεσαν γιὰ τὶς σχέσεις τοῦ ζεύγους καὶ τὰ γεγονότα ποὺ προηγήθηκαν τοῦ ἐγκλήματος στὸ σπίτι τους στὸ Κουκάκι.

Τὰ γιὰ τοὺς ψυχολόγους

ΑΘΗΝΑ, 7.— Ἀπὸ τὸ κακουργιοδικεῖο Πειραιῶς καταδικάσθηκε σὲ ἰσόβια δεσμὰ γιὰ τὸν φόνο τῆς συζύγου του ὁ κατηγορούμενος, ποὺ ὑποστήριξε ὅτι ἔδρασε κάτω ἀπὸ κατάσταση ψυχικῆς ταραχῆς. Ἡ ὑπόθεση ἀπασχόλησε τὸ δικαστήριο ἐπὶ τρεῖς ἡμέρες καὶ ἐξετάσθηκαν πολλοὶ μάρτυρες κατηγορίας καὶ ὑπερασπίσεως, οἱ ὁποῖοι κατέθεσαν γιὰ τὶς σχέσεις τοῦ ζεύγους καὶ τὰ γεγονότα ποὺ προηγήθηκαν τοῦ ἐγκλήματος στὸ σπίτι τους στὸ Κουκάκι.

Τὰ νέα βιβλία

ΑΘΗΝΑ, 7.— Ἀπὸ τὸ κακουργιοδικεῖο Πειραιῶς καταδικάσθηκε σὲ ἰσόβια δεσμὰ γιὰ τὸν φόνο τῆς συζύγου του ὁ κατηγορούμενος, ποὺ ὑποστήριξε ὅτι ἔδρασε κάτω ἀπὸ κατάσταση ψυχικῆς ταραχῆς. Ἡ ὑπόθεση ἀπασχόλησε τὸ δικαστήριο ἐπὶ τρεῖς ἡμέρες καὶ ἐξετάσθηκαν πολλοὶ μάρτυρες κατηγορίας καὶ ὑπερασπίσεως, οἱ ὁποῖοι κατέθεσαν γιὰ τὶς σχέσεις τοῦ ζεύγους καὶ τὰ γεγονότα ποὺ προηγήθηκαν τοῦ ἐγκλήματος στὸ σπίτι τους στὸ Κουκάκι.

ΑΘΗΝΑ, 7.— Ἀπὸ τὸ κακουργιοδικεῖο Πειραιῶς καταδικάσθηκε σὲ ἰσόβια δεσμὰ γιὰ τὸν φόνο τῆς συζύγου του ὁ κατηγορούμενος, ποὺ ὑποστήριξε ὅτι ἔδρασε κάτω ἀπὸ κατάσταση ψυχικῆς ταραχῆς. Ἡ ὑπόθεση ἀπασχόλησε τὸ δικαστήριο ἐπὶ τρεῖς ἡμέρες καὶ ἐξετάσθηκαν πολλοὶ μάρτυρες κατηγορίας καὶ ὑπερασπίσεως, οἱ ὁποῖοι κατέθεσαν γιὰ τὶς σχέσεις τοῦ ζεύγους καὶ τὰ γεγονότα ποὺ προηγήθηκαν τοῦ ἐγκλήματος στὸ σπίτι τους στὸ Κουκάκι.

ΑΘΗΝΑ, 7.— Ἀπὸ τὸ κακουργιοδικεῖο Πειραιῶς καταδικάσθηκε σὲ ἰσόβια δεσμὰ γιὰ τὸν φόνο τῆς συζύγου του ὁ κατηγορούμενος, ποὺ ὑποστήριξε ὅτι ἔδρασε κάτω ἀπὸ κατάσταση ψυχικῆς ταραχῆς. Ἡ ὑπόθεση ἀπασχόλησε τὸ δικαστήριο ἐπὶ τρεῖς ἡμέρες καὶ ἐξετάσθηκαν πολλοὶ μάρτυρες κατηγορίας καὶ ὑπερασπίσεως, οἱ ὁποῖοι κατέθεσαν γιὰ τὶς σχέσεις τοῦ ζεύγους καὶ τὰ γεγονότα ποὺ προηγήθηκαν τοῦ ἐγκλήματος στὸ σπίτι τους στὸ Κουκάκι.

ΑΘΗΝΑ, 7.— Ἀπὸ τὸ κακουργιοδικεῖο Πειραιῶς καταδικάσθηκε σὲ ἰσόβια δεσμὰ γιὰ τὸν φόνο τῆς συζύγου του ὁ κατηγορούμενος, ποὺ ὑποστήριξε ὅτι ἔδρασε κάτω ἀπὸ κατάσταση ψυχικῆς ταραχῆς. Ἡ ὑπόθεση ἀπασχόλησε τὸ δικαστήριο ἐπὶ τρεῖς ἡμέρες καὶ ἐξετάσθηκαν πολλοὶ μάρτυρες κατηγορίας καὶ ὑπερασπίσεως, οἱ ὁποῖοι κατέθεσαν γιὰ τὶς σχέσεις τοῦ ζεύγους καὶ τὰ γεγονότα ποὺ προηγήθηκαν τοῦ ἐγκλήματος στὸ σπίτι τους στὸ Κουκάκι.

Χοροί

ΑΘΗΝΑ, 7.— Ἀπὸ τὸ κακουργιοδικεῖο Πειραιῶς καταδικάσθηκε σὲ ἰσόβια δεσμὰ γιὰ τὸν φόνο τῆς συζύγου του ὁ κατηγορούμενος, ποὺ ὑποστήριξε ὅτι ἔδρασε κάτω ἀπὸ κατάσταση ψυχικῆς ταραχῆς. Ἡ ὑπόθεση ἀπασχόλησε τὸ δικαστήριο ἐπὶ τρεῖς ἡμέρες καὶ ἐξετάσθηκαν πολλοὶ μάρτυρες κατηγορίας καὶ ὑπερασπίσεως, οἱ ὁποῖοι κατέθεσαν γιὰ τὶς σχέσεις τοῦ ζεύγους καὶ τὰ γεγονότα ποὺ προηγήθηκαν τοῦ ἐγκλήματος στὸ σπίτι τους στὸ Κουκάκι.

ΑΘΗΝΑ, 7.— Ἀπὸ τὸ κακουργιοδικεῖο Πειραιῶς καταδικάσθηκε σὲ ἰσόβια δεσμὰ γιὰ τὸν φόνο τῆς συζύγου του ὁ κατηγορούμενος, ποὺ ὑποστήριξε ὅτι ἔδρασε κάτω ἀπὸ κατάσταση ψυχικῆς ταραχῆς. Ἡ ὑπόθεση ἀπασχόλησε τὸ δικαστήριο ἐπὶ τρεῖς ἡμέρες καὶ ἐξετάσθηκαν πολλοὶ μάρτυρες κατηγορίας καὶ ὑπερασπίσεως, οἱ ὁποῖοι κατέθεσαν γιὰ τὶς σχέσεις τοῦ ζεύγους καὶ τὰ γεγονότα ποὺ προηγήθηκαν τοῦ ἐγκλήματος στὸ σπίτι τους στὸ Κουκάκι.

ΑΘΗΝΑ, 7.— Ἀπὸ τὸ κακουργιοδικεῖο Πειραιῶς καταδικάσθηκε σὲ ἰσόβια δεσμὰ γιὰ τὸν φόνο τῆς συζύγου του ὁ κατηγορούμενος, ποὺ ὑποστήριξε ὅτι ἔδρασε κάτω ἀπὸ κατάσταση ψυχικῆς ταραχῆς. Ἡ ὑπόθεση ἀπασχόλησε τὸ δικαστήριο ἐπὶ τρεῖς ἡμέρες καὶ ἐξετάσθηκαν πολλοὶ μάρτυρες κατηγορίας καὶ ὑπερασπίσεως, οἱ ὁποῖοι κατέθεσαν γιὰ τὶς σχέσεις τοῦ ζεύγους καὶ τὰ γεγονότα ποὺ προηγήθηκαν τοῦ ἐγκλήματος στὸ σπίτι τους στὸ Κουκάκι.

Ἐκδρομαί

ΑΘΗΝΑ, 7.— Ἀπὸ τὸ κακουργιοδικεῖο Πειραιῶς καταδικάσθηκε σὲ ἰσόβια δεσμὰ γιὰ τὸν φόνο τῆς συζύγου του ὁ κατηγορούμενος, ποὺ ὑποστήριξε ὅτι ἔδρασε κάτω ἀπὸ κατάσταση ψυχικῆς ταραχῆς. Ἡ ὑπόθεση ἀπασχόλησε τὸ δικαστήριο ἐπὶ τρεῖς ἡμέρες καὶ ἐξετάσθηκαν πολλοὶ μάρτυρες κατηγορίας καὶ ὑπερασπίσεως, οἱ ὁποῖοι κατέθεσαν γιὰ τὶς σχέσεις τοῦ ζεύγους καὶ τὰ γεγονότα ποὺ προηγήθηκαν τοῦ ἐγκλήματος στὸ σπίτι τους στὸ Κουκάκι.

ΑΘΗΝΑ, 7.— Ἀπὸ τὸ κακουργιοδικεῖο Πειραιῶς καταδικάσθηκε σὲ ἰσόβια δεσμὰ γιὰ τὸν φόνο τῆς συζύγου του ὁ κατηγορούμενος, ποὺ ὑποστήριξε ὅτι ἔδρασε κάτω ἀπὸ κατάσταση ψυχικῆς ταραχῆς. Ἡ ὑπόθεση ἀπασχόλησε τὸ δικαστήριο ἐπὶ τρεῖς ἡμέρες καὶ ἐξετάσθηκαν πολλοὶ μάρτυρες κατηγορίας καὶ ὑπερασπίσεως, οἱ ὁποῖοι κατέθεσαν γιὰ τὶς σχέσεις τοῦ ζεύγους καὶ τὰ γεγονότα ποὺ προηγήθηκαν τοῦ ἐγκλήματος στὸ σπίτι τους στὸ Κουκάκι.

ΑΘΗΝΑ, 7.— Ἀπὸ τὸ κακουργιοδικεῖο Πειραιῶς καταδικάσθηκε σὲ ἰσόβια δεσμὰ γιὰ τὸν φόνο τῆς συζύγου του ὁ κατηγορούμενος, ποὺ ὑποστήριξε ὅτι ἔδρασε κάτω ἀπὸ κατάσταση ψυχικῆς ταραχῆς. Ἡ ὑπόθεση ἀπασχόλησε τὸ δικαστήριο ἐπὶ τρεῖς ἡμέρες καὶ ἐξετάσθηκαν πολλοὶ μάρτυρες κατηγορίας καὶ ὑπερασπίσεως, οἱ ὁποῖοι κατέθεσαν γιὰ τὶς σχέσεις τοῦ ζεύγους καὶ τὰ γεγονότα ποὺ προηγήθηκαν τοῦ ἐγκλήματος στὸ σπίτι τους στὸ Κουκάκι.

ΑΘΗΝΑ, 7.— Ἀπὸ τὸ κακουργιοδικεῖο Πειραιῶς καταδικάσθηκε σὲ ἰσόβια δεσμὰ γιὰ τὸν φόνο τῆς συζύγου του ὁ κατηγορούμενος, ποὺ ὑποστήριξε ὅτι ἔδρασε κάτω ἀπὸ κατάσταση ψυχικῆς ταραχῆς. Ἡ ὑπόθεση ἀπασχόλησε τὸ δικαστήριο ἐπὶ τρεῖς ἡμέρες καὶ ἐξετάσθηκαν πολλοὶ μάρτυρες κατηγορίας καὶ ὑπερασπίσεως, οἱ ὁποῖοι κατέθεσαν γιὰ τὶς σχέσεις τοῦ ζεύγους καὶ τὰ γεγονότα ποὺ προηγήθηκαν τοῦ ἐγκλήματος στὸ σπίτι τους στὸ Κουκάκι.

ΑΘΗΝΑ, 7.— Ἀπὸ τὸ κακουργιοδικεῖο Πειραιῶς καταδικάσθηκε σὲ ἰσόβια δεσμὰ γιὰ τὸν φόνο τῆς συζύγου του ὁ κατηγορούμενος, ποὺ ὑποστήριξε ὅτι ἔδρασε κάτω ἀπὸ κατάσταση ψυχικῆς ταραχῆς. Ἡ ὑπόθεση ἀπασχόλησε τὸ δικαστήριο ἐπὶ τρεῖς ἡμέρες καὶ ἐξετάσθηκαν πολλοὶ μάρτυρες κατηγορίας καὶ ὑπερασπίσεως, οἱ ὁποῖοι κατέθεσαν γιὰ τὶς σχέσεις τοῦ ζεύγους καὶ τὰ γεγονότα ποὺ προηγήθηκαν τοῦ ἐγκλήματος στὸ σπίτι τους στὸ Κουκάκι.

ΤΑ ΦΑΡΜΑΚΕΙΑ

ΑΘΗΝΑ, 7.— Ἀπὸ τὸ κακουργιοδικεῖο Πειραιῶς καταδικάσθηκε σὲ ἰσόβια δεσμὰ γιὰ τὸν φόνο τῆς συζύγου του ὁ κατηγορούμενος, ποὺ ὑποστήριξε ὅτι ἔδρασε κάτω ἀπὸ κατάσταση ψυχικῆς ταραχῆς. Ἡ ὑπόθεση ἀπασχόλησε τὸ δικαστήριο ἐπὶ τρεῖς ἡμέρες καὶ ἐξετάσθηκαν πολλοὶ μάρτυρες κατηγορίας καὶ ὑπερασπίσεως, οἱ ὁποῖοι κατέθεσαν γιὰ τὶς σχέσεις τοῦ ζεύγους καὶ τὰ γεγονότα ποὺ προηγήθηκαν τοῦ ἐγκλήματος στὸ σπίτι τους στὸ Κουκάκι.

ΑΘΗΝΑ, 7.— Ἀπὸ τὸ κακουργιοδικεῖο Πειραιῶς καταδικάσθηκε σὲ ἰσόβια δεσμὰ γιὰ τὸν φόνο τῆς συζύγου του ὁ κατηγορούμενος, ποὺ ὑποστήριξε ὅτι ἔδρασε κάτω ἀπὸ κατάσταση ψυχικῆς ταραχῆς. Ἡ ὑπόθεση ἀπασχόλησε τὸ δικαστήριο ἐπὶ τρεῖς ἡμέρες καὶ ἐξετάσθηκαν πολλοὶ μάρτυρες κατηγορίας καὶ ὑπερασπίσεως, οἱ ὁποῖοι κατέθεσαν γιὰ τὶς σχέσεις τοῦ ζεύγους καὶ τὰ γεγονότα ποὺ προηγήθηκαν τοῦ ἐγκλήματος στὸ σπίτι τους στὸ Κουκάκι.

ΝΟΣΟΚΟΜΕΙΑ

ΑΘΗΝΑ, 7.— Ἀπὸ τὸ κακουργιοδικεῖο Πειραιῶς καταδικάσθηκε σὲ ἰσόβια δεσμὰ γιὰ τὸν φόνο τῆς συζύγου του ὁ κατηγορούμενος, ποὺ ὑποστήριξε ὅτι ἔδρασε κάτω ἀπὸ κατάσταση ψυχικῆς ταραχῆς. Ἡ ὑπόθεση ἀπασχόλησε τὸ δικαστήριο ἐπὶ τρεῖς ἡμέρες καὶ ἐξετάσθηκαν πολλοὶ μάρτυρες κατηγορίας καὶ ὑπερασπίσεως, οἱ ὁποῖοι κατέθεσαν γιὰ τὶς σχέσεις τοῦ ζεύγους καὶ τὰ γεγονότα ποὺ προηγήθηκαν τοῦ ἐγκλήματος στὸ σπίτι τους στὸ Κουκάκι.

ΑΘΗΝΑ, 7.— Ἀπὸ τὸ κακουργιοδικεῖο Πειραιῶς καταδικάσθηκε σὲ ἰσόβια δεσμὰ γιὰ τὸν φόνο τῆς συζύγου του ὁ κατηγορούμενος, ποὺ ὑποστήριξε ὅτι ἔδρασε κάτω ἀπὸ κατάσταση ψυχικῆς ταραχῆς. Ἡ ὑπόθεση ἀπασχόλησε τὸ δικαστήριο ἐπὶ τρεῖς ἡμέρες καὶ ἐξετάσθηκαν πολλοὶ μάρτυρες κατηγορίας καὶ ὑπερασπίσεως, οἱ ὁποῖοι κατέθεσαν γιὰ τὶς σχέσεις τοῦ ζεύγους καὶ τὰ γεγονότα ποὺ προηγήθηκαν τοῦ ἐγκλήματος στὸ σπίτι τους στὸ Κουκάκι.

ΑΘΗΝΑ, 7.— Ἀπὸ τὸ κακουργιοδικεῖο Πειραιῶς καταδικάσθηκε σὲ ἰσόβια δεσμὰ γιὰ τὸν φόνο τῆς συζύγου του ὁ κατηγορούμενος, ποὺ ὑποστήριξε ὅτι ἔδρασε κάτω ἀπὸ κατάσταση ψυχικῆς ταραχῆς. Ἡ ὑπόθεση ἀπασχόλησε τὸ δικαστήριο ἐπὶ τρεῖς ἡμέρες καὶ ἐξετάσθηκαν πολλοὶ μάρτυρες κατηγορίας καὶ ὑπερασπίσεως, οἱ ὁποῖοι κατέθεσαν γιὰ τὶς σχέσεις τοῦ ζεύγους καὶ τὰ γεγονότα ποὺ προηγήθηκαν τοῦ ἐγκλήματος στὸ σπίτι τους στὸ Κουκάκι.

Νέοι δίσκοι
Β. ΤΣΙΤΣΑΝΗ: «Βάπορ ἀπ' τὴν Περσία»

ΑΘΗΝΑ, 7.— Ἀπὸ τὸ κακουργιοδικεῖο Πειραιῶς καταδικάσθηκε σὲ ἰσόβια δεσμὰ γιὰ τὸν φόνο τῆς συζύγου του ὁ κατηγορούμενος, ποὺ ὑποστήριξε ὅτι ἔδρασε κάτω ἀπὸ κατάσταση ψυχικῆς ταραχῆς. Ἡ ὑπόθεση ἀπασχόλησε τὸ δικαστήριο ἐπὶ τρεῖς ἡμέρες καὶ ἐξετάσθηκαν πολλοὶ μάρτυρες κατηγορίας καὶ ὑπερασπίσεως, οἱ ὁποῖοι κατέθεσαν γιὰ τὶς σχέσεις τοῦ ζεύγους καὶ τὰ γεγονότα ποὺ προηγήθηκαν τοῦ ἐγκλήματος στὸ σπίτι τους στὸ Κουκάκι.

ΑΘΗΝΑ, 7.— Ἀπὸ τὸ κακουργιοδικεῖο Πειραιῶς καταδικάσθηκε σὲ ἰσόβια δεσμὰ γιὰ τὸν φόνο τῆς συζύγου του ὁ κατηγορούμενος, ποὺ ὑποστήριξε ὅτι ἔδρασε κάτω ἀπὸ κατάσταση ψυχικῆς ταραχῆς. Ἡ ὑπόθεση ἀπασχόλησε τὸ δικαστήριο ἐπὶ τρεῖς ἡμέρες καὶ ἐξετάσθηκαν πολλοὶ μάρτυρες κατηγορίας καὶ ὑπερασπίσεως, οἱ ὁποῖοι κατέθεσαν γιὰ τὶς σχέσεις τοῦ ζεύγους καὶ τὰ γεγονότα ποὺ προηγήθηκαν τοῦ ἐγκλήματος στὸ σπίτι τους στὸ Κουκάκι.

ΑΘΗΝΑ, 7.— Ἀπὸ τὸ κακουργιοδικεῖο Πειραιῶς καταδικάσθηκε σὲ ἰσόβια δεσμὰ γιὰ τὸν φόνο τῆς συζύγου του ὁ κατηγορούμενος, ποὺ ὑποστήριξε ὅτι ἔδρασε κάτω ἀπὸ κατάσταση ψυχικῆς ταραχῆς. Ἡ ὑπόθεση ἀπασχόλησε τὸ δικαστήριο ἐπὶ τρεῖς ἡμέρες καὶ ἐξετάσθηκαν πολλοὶ μάρτυρες κατηγορίας καὶ ὑπερασπίσεως, οἱ ὁποῖοι κατέθεσαν γιὰ τὶς σχέσεις τοῦ ζεύγους καὶ τὰ γεγονότα ποὺ προηγήθηκαν τοῦ ἐγκλήματος στὸ σπίτι τους στὸ Κουκάκι.

ΑΠΟ ΤΟ ΚΑΚΟΥΡΓΙΟΔΙΚΕΙΟ
ΙΣΟΒΙΑ ΔΕΣΜΑ ΣΤΟ ΣΥΖΥΓΟΚΤΟΝΟ ΤΟΥ ΚΟΥΚΑΚΙΟΥ
ΠΙΣΤΕΥΕ ΟΠΩΣ ΕΙΠΕ ΟΤΙ ΤΟΝ ΑΠΑΤΟΥΣΕ

ΑΘΗΝΑ, 7.— Ἀπὸ τὸ κακουργιοδικεῖο Πειραιῶς καταδικάσθηκε σὲ ἰσόβια δεσμὰ γιὰ τὸν φόνο τῆς συζύγου του ὁ κατηγορούμενος, ποὺ ὑποστήριξε ὅτι ἔδρασε κάτω ἀπὸ κατάσταση ψυχικῆς ταραχῆς. Ἡ ὑπόθεση ἀπασχόλησε τὸ δικαστήριο ἐπὶ τρεῖς ἡμέρες καὶ ἐξετάσθηκαν πολλοὶ μάρτυρες κατηγορίας καὶ ὑπερασπίσεως, οἱ ὁποῖοι κατέθεσαν γιὰ τὶς σχέσεις τοῦ ζεύγους καὶ τὰ γεγονότα ποὺ προηγήθηκαν τοῦ ἐγκλήματος στὸ σπίτι τους στὸ Κουκάκι.

ΑΘΗΝΑ, 7.— Ἀπὸ τὸ κακουργιοδικεῖο Πειραιῶς καταδικάσθηκε σὲ ἰσόβια δεσμὰ γιὰ τὸν φόνο τῆς συζύγου του ὁ κατηγορούμενος, ποὺ ὑποστήριξε ὅτι ἔδρασε κάτω ἀπὸ κατάσταση ψυχικῆς ταραχῆς. Ἡ ὑπόθεση ἀπασχόλησε τὸ δικαστήριο ἐπὶ τρεῖς ἡμέρες καὶ ἐξετάσθηκαν πολλοὶ μάρτυρες κατηγορίας καὶ ὑπερασπίσεως, οἱ ὁποῖοι κατέθεσαν γιὰ τὶς σχέσεις τοῦ ζεύγους καὶ τὰ γεγονότα ποὺ προηγήθηκαν τοῦ ἐγκλήματος στὸ σπίτι τους στὸ Κουκάκι.

ΑΘΗΝΑ, 7.— Ἀπὸ τὸ κακουργιοδικεῖο Πειραιῶς καταδικάσθηκε σὲ ἰσόβια δεσμὰ γιὰ τὸν φόνο τῆς συζύγου του ὁ κατηγορούμενος, ποὺ ὑποστήριξε ὅτι ἔδρασε κάτω ἀπὸ κατάσταση ψυχικῆς ταραχῆς. Ἡ ὑπόθεση ἀπασχόλησε τὸ δικαστήριο ἐπὶ τρεῖς ἡμέρες καὶ ἐξετάσθηκαν πολλοὶ μάρτυρες κατηγορίας καὶ ὑπερασπίσεως, οἱ ὁποῖοι κατέθεσαν γιὰ τὶς σχέσεις τοῦ ζεύγους καὶ τὰ γεγονότα ποὺ προηγήθηκαν τοῦ ἐγκλήματος στὸ σπίτι τους στὸ Κουκάκι.

ΣΤΟΝ ΤΑΥΡΟ
ΠΕΘΑΝΕ ΑΠΟ ΑΚΑΤΑΣΧΕΤΗ ΑΙΜΟΡΡΑΓΙΑ ΣΕ ΑΣΑΝΣΕΡ
ΠΡΟΣΦΑΤΑ ΧΕΙΡΟΥΡΓΗΘΗΚΕ ΓΙΑ ΚΑΡΚΙΝΟ

ΑΘΗΝΑ, 7.— Ἀπὸ τὸ κακουργιοδικεῖο Πειραιῶς καταδικάσθηκε σὲ ἰσόβια δεσμὰ γιὰ τὸν φόνο τῆς συζύγου του ὁ κατηγορούμενος, ποὺ ὑποστήριξε ὅτι ἔδρασε κάτω ἀπὸ κατάσταση ψυχικῆς ταραχῆς. Ἡ ὑπόθεση ἀπασχόλησε τὸ δικαστήριο ἐπὶ τρεῖς ἡμέρες καὶ ἐξετάσθηκαν πολλοὶ μάρτυρες κατηγορίας καὶ ὑπερασπίσεως, οἱ ὁποῖοι κατέθεσαν γιὰ τὶς σχέσεις τοῦ ζεύγους καὶ τὰ γεγονότα ποὺ προηγήθηκαν τοῦ ἐγκλήματος στὸ σπίτι τους στὸ Κουκάκι.

ΑΘΗΝΑ, 7.— Ἀπὸ τὸ κακουργιοδικεῖο Πειραιῶς καταδικάσθηκε σὲ ἰσόβια δεσμὰ γιὰ τὸν φόνο τῆς συζύγου του ὁ κατηγορούμενος, ποὺ ὑποστήριξε ὅτι ἔδρασε κάτω ἀπὸ κατάσταση ψυχικῆς ταραχῆς. Ἡ ὑπόθεση ἀπασχόλησε τὸ δικαστήριο ἐπὶ τρεῖς ἡμέρες καὶ ἐξετάσθηκαν πολλοὶ μάρτυρες κατηγορίας καὶ ὑπερασπίσεως, οἱ ὁποῖοι κατέθεσαν γιὰ τὶς σχέσεις τοῦ ζεύγους καὶ τὰ γεγονότα ποὺ προηγήθηκαν τοῦ ἐγκλήματος στὸ σπίτι τους στὸ Κουκάκι.

ΣΤΗΝ ΚΡΗΤΗ
ΑΠΟΠΕΙΡΑ ΦΟΝΟΥ ΓΙΑ ΔΙΑΦΟΡΕΣ ΟΙΚΟΓΕΝΕΙΑΚΕΣ
Ο ΔΡΑΣΤΗΣ ΑΣΤΥΝΟΜΙΚΟΣ ΚΑΙ ΑΦΟΠΛΙΣΘΗΚΕ

ΑΘΗΝΑ, 7.— Ἀπὸ τὸ κακουργιοδικεῖο Πειραιῶς καταδικάσθηκε σὲ ἰσόβια δεσμὰ γιὰ τὸν φόνο τῆς συζύγου του ὁ κατηγορούμενος, ποὺ ὑποστήριξε ὅτι ἔδρασε κάτω ἀπὸ κατάσταση ψυχικῆς ταραχῆς. Ἡ ὑπόθεση ἀπασχόλησε τὸ δικαστήριο ἐπὶ τρεῖς ἡμέρες καὶ ἐξετάσθηκαν πολλοὶ μάρτυρες κατηγορίας καὶ ὑπερασπίσεως, οἱ ὁποῖοι κατέθεσαν γιὰ τὶς σχέσεις τοῦ ζεύγους καὶ τὰ γεγονότα ποὺ προηγήθηκαν τοῦ ἐγκλήματος στὸ σπίτι τους στὸ Κουκάκι.

ΑΘΗΝΑ, 7.— Ἀπὸ τὸ κακουργιοδικεῖο Πειραιῶς καταδικάσθηκε σὲ ἰσόβια δεσμὰ γιὰ τὸν φόνο τῆς συζύγου του ὁ κατηγορούμενος, ποὺ ὑποστήριξε ὅτι ἔδρασε κάτω ἀπὸ κατάσταση ψυχικῆς ταραχῆς. Ἡ ὑπόθεση ἀπασχόλησε τὸ δικαστήριο ἐπὶ τρεῖς ἡμέρες καὶ ἐξετάσθηκαν πολλοὶ μάρτυρες κατηγορίας καὶ ὑπερασπίσεως, οἱ ὁποῖοι κατέθεσαν γιὰ τὶς σχέσεις τοῦ ζεύγους καὶ τὰ γεγονότα ποὺ προηγήθηκαν τοῦ ἐγκλήματος στὸ σπίτι τους στὸ Κουκάκι.

Ο ΕΙΔΙΚΟΣ ΦΟΡΟΣ ΚΑΤΑΝΑΛΩΣΕΩΣ ΣΤΟΥΣ ΑΝΕΚΚΥΣΤΗΡΕΣ

ΑΘΗΝΑ, 7.— Ἀπὸ τὸ κακουργιοδικεῖο Πειραιῶς καταδικάσθηκε σὲ ἰσόβια δεσμὰ γιὰ τὸν φόνο τῆς συζύγου του ὁ κατηγορούμενος, ποὺ ὑποστήριξε ὅτι ἔδρασε κάτω ἀπὸ κατάσταση ψυχικῆς ταραχῆς. Ἡ ὑπόθεση ἀπασχόλησε τὸ δικαστήριο ἐπὶ τρεῖς ἡμέρες καὶ ἐξετάσθηκαν πολλοὶ μάρτυρες κατηγορίας καὶ ὑπερασπίσεως, οἱ ὁποῖοι κατέθεσαν γιὰ τὶς σχέσεις τοῦ ζεύγους καὶ τὰ γεγονότα ποὺ προηγήθηκαν τοῦ ἐγκλήματος στὸ σπίτι τους στὸ Κουκάκι.

ΑΘΗΝΑ, 7.— Ἀπὸ τὸ κακουργιοδικεῖο Πειραιῶς καταδικάσθηκε σὲ ἰσόβια δεσμὰ γιὰ τὸν φόνο τῆς συζύγου του ὁ κατηγορούμενος, ποὺ ὑποστήριξε ὅτι ἔδρασε κάτω ἀπὸ κατάσταση ψυχικῆς ταραχῆς. Ἡ ὑπόθεση ἀπασχόλησε τὸ δικαστήριο ἐπὶ τρεῖς ἡμέρες καὶ ἐξετάσθηκαν πολλοὶ μάρτυρες κατηγορίας καὶ ὑπερασπίσεως, οἱ ὁποῖοι κατέθεσαν γιὰ τὶς σχέσεις τοῦ ζεύγους καὶ τὰ γεγονότα ποὺ προηγήθηκαν τοῦ ἐγκλήματος στὸ σπίτι τους στὸ Κουκάκι.

ΟΙΚΟΝΟΜΙΚΗ ΕΝΙΣΧΥΣΗ ΣΤΗΝ ΑΣΤΥΝΟΜΙΑ

ΑΘΗΝΑ, 7.— Ἀπὸ τὸ κακουργιοδικεῖο Πειραιῶς καταδικάσθηκε σὲ ἰσόβια δεσμὰ γιὰ τὸν φόνο τῆς συζύγου του ὁ κατηγορούμενος, ποὺ ὑποστήριξε ὅτι ἔδρασε κάτω ἀπὸ κατάσταση ψυχικῆς ταραχῆς. Ἡ ὑπόθεση ἀπασχόλησε τὸ δικαστήριο ἐπὶ τρεῖς ἡμέρες καὶ ἐξετάσθηκαν πολλοὶ μάρτυρες κατηγορίας καὶ ὑπερασπίσεως, οἱ ὁποῖοι κατέθεσαν γιὰ τὶς σχέσεις τοῦ ζεύγους καὶ τὰ γεγονότα ποὺ προηγήθηκαν τοῦ ἐγκλήματος στὸ σπίτι τους στὸ Κουκάκι.

ΠΑΤΑΤΕΣ «ΕΓΔΥΣΕ» ΣΤΡΑΤΙΩΤΗ

ΑΘΗΝΑ, 7.— Ἀπὸ τὸ κακουργιοδικεῖο Πειραιῶς καταδικάσθηκε σὲ ἰσόβια δεσμὰ γιὰ τὸν φόνο τῆς συζύγου του ὁ κατηγορούμενος, ποὺ ὑποστήριξε ὅτι ἔδρασε κάτω ἀπὸ κατάσταση ψυχικῆς ταραχῆς. Ἡ ὑπόθεση ἀπασχόλησε τὸ δικαστήριο ἐπὶ τρεῖς ἡμέρες καὶ ἐξετάσθηκαν πολλοὶ μάρτυρες κατηγορίας καὶ ὑπερασπίσεως, οἱ ὁποῖοι κατέθεσαν γιὰ τὶς σχέσεις τοῦ ζεύγους καὶ τὰ γεγονότα ποὺ προηγήθηκαν τοῦ ἐγκλήματος στὸ σπίτι τους στὸ Κουκάκι.

ΚΛΕΦΤΕΣ ΡΗΜΑΞΑΝ ΕΞΟΧΙΚΟ ΣΠΙΤΙ ΕΠΙΧΕΙΡΗΜΑΤΙΑ

ΑΘΗΝΑ, 7.— Ἀπὸ τὸ κακουργιοδικεῖο Πειραιῶς καταδικάσθηκε σὲ ἰσόβια δεσμὰ γιὰ τὸν φόνο τῆς συζύγου του ὁ κατηγορούμενος, ποὺ ὑποστήριξε ὅτι ἔδρασε κάτω ἀπὸ κατάσταση ψυχικῆς ταραχῆς. Ἡ ὑπόθεση ἀπασχόλησε τὸ δικαστήριο ἐπὶ τρεῖς ἡμέρες καὶ ἐξετάσθηκαν πολλοὶ μάρτυρες κατηγορίας καὶ ὑπερασπίσεως, οἱ ὁποῖοι κατέθεσαν γιὰ τὶς σχέσεις τοῦ ζεύγους καὶ τὰ γεγονότα ποὺ προηγήθηκαν τοῦ ἐγκλήματος στὸ σπίτι τους στὸ Κουκάκι.

ΠΥΡΚΑΓΙΑ ΑΠΟ ΘΕΡΜΑΣΤΡΑ ΣΤΟ ΝΕΟΧΩΡΙ

ΑΘΗΝΑ, 7.— Ἀπὸ τὸ κακουργιοδικεῖο Πειραιῶς καταδικάσθηκε σὲ ἰσόβια δεσμὰ γιὰ τὸν φόνο τῆς συζύγου του ὁ κατηγορούμενος, ποὺ ὑποστήριξε ὅτι ἔδρασε κάτω ἀπὸ κατάσταση ψυχικῆς ταραχῆς. Ἡ ὑπόθεση ἀπασχόλησε τὸ δικαστήριο ἐπὶ τρεῖς ἡμέρες καὶ ἐξετάσθηκαν πολλοὶ μάρτυρες κατηγορίας καὶ ὑπερασπίσεως, οἱ ὁποῖοι κατέθεσαν γιὰ τὶς σχέσεις τοῦ ζεύγους καὶ τὰ γεγονότα ποὺ προηγήθηκαν τοῦ ἐγκλήματος στὸ σπίτι τους στὸ Κουκάκι.

ΠΕΘΑΝΕ ΣΤΟ ΕΠΙΠΛΟΠΟΙΕΙΟ ΤΟΥ ΓΑΜΠΡΟΥ ΤΟΥ

ΑΘΗΝΑ, 7.— Ἀπὸ τὸ κακουργιοδικεῖο Πειραιῶς καταδικάσθηκε σὲ ἰσόβια δεσμὰ γιὰ τὸν φόνο τῆς συζύγου του ὁ κατηγορούμενος, ποὺ ὑποστήριξε ὅτι ἔδρασε κάτω ἀπὸ κατάσταση ψυχικῆς ταραχῆς. Ἡ ὑπόθεση ἀπασχόλησε τὸ δικαστήριο ἐπὶ τρεῖς ἡμέρες καὶ ἐξετάσθηκαν πολλοὶ μάρτυρες κατηγορίας καὶ ὑπερασπίσεως, οἱ ὁποῖοι κατέθεσαν γιὰ τὶς σχέσεις τοῦ ζεύγους καὶ τὰ γεγονότα ποὺ προηγήθηκαν τοῦ ἐγκλήματος στὸ σπίτι τους στὸ Κουκάκι.

ΤΡΕΙΣ ΝΕΑΡΟΙ ΓΡΟΝΘΟΚΟΠΗΣΑΝ 28ΧΡΟΝΟ

ΑΘΗΝΑ, 7.— Ἀπὸ τὸ κακουργιοδικεῖο Πειραιῶς καταδικάσθηκε σὲ ἰσόβια δεσμὰ γιὰ τὸν φόνο τῆς συζύγου του ὁ κατηγορούμενος, ποὺ ὑποστήριξε ὅτι ἔδρασε κάτω ἀπὸ κατάσταση ψυχικῆς ταραχῆς. Ἡ ὑπόθεση ἀπασχόλησε τὸ δικαστήριο ἐπὶ τρεῖς ἡμέρες καὶ ἐξετάσθηκαν πολλοὶ μάρτυρες κατηγορίας καὶ ὑπερασπίσεως, οἱ ὁποῖοι κατέθεσαν γιὰ τὶς σχέσεις τοῦ ζεύγους καὶ τὰ γεγονότα ποὺ προηγήθηκαν τοῦ ἐγκλήματος στὸ σπίτι τους στὸ Κουκάκι.

ΘΑΝΑΤΗΦΟΡΟ ΟΛΙΣΘΗΜΑ

ΑΘΗΝΑ, 7.— Ἀπὸ τὸ κακουργιοδικεῖο Πειραιῶς καταδικάσθηκε σὲ ἰσόβια δεσμὰ γιὰ τὸν φόνο τῆς συζύγου του ὁ κατηγορούμενος, ποὺ ὑποστήριξε ὅτι ἔδρασε κάτω ἀπὸ κατάσταση ψυχικῆς ταραχῆς. Ἡ ὑπόθεση ἀπασχόλησε τὸ δικαστήριο ἐπὶ τρεῖς ἡμέρες καὶ ἐξετάσθηκαν πολλοὶ μάρτυρες κατηγορίας καὶ ὑπερασπίσεως, οἱ ὁποῖοι κατέθεσαν γιὰ τὶς σχέσεις τοῦ ζεύγους καὶ τὰ γεγονότα ποὺ προηγήθηκαν τοῦ ἐγκλήματος στὸ σπίτι τους στὸ Κουκάκι.

Ἀλεξανδρούπολις, Ἀθήνα
Συναπευόμισαν ἀπὸ 60 διαρρήξεις 3.000.000 δρχ.
Σὲ κοσμήματα καὶ ἄλλα εἴδη, «Ἔμπαιναν» σὲ κοσμηματοπωλεῖα, σὲ «σούπερ μάρκετ» καὶ σὲ «μπουτίκ»

ΑΘΗΝΑ, 7.— Ἀπὸ τὸ κακουργιοδικεῖο Πειραιῶς καταδικάσθηκε σὲ ἰσόβια δεσμὰ γιὰ τὸν φόνο τῆς συζύγου του ὁ κατηγορούμενος, ποὺ ὑποστήριξε ὅτι ἔδρασε κάτω ἀπὸ κατάσταση ψυχικῆς ταραχῆς. Ἡ ὑπόθεση ἀπασχόλησε τὸ δικαστήριο ἐπὶ τρεῖς ἡμέρες καὶ ἐξετάσθηκαν πολλοὶ μάρτυρες κατηγορίας καὶ ὑπερασπίσεως, οἱ ὁποῖοι κατέθεσαν γιὰ τὶς σχέσεις τοῦ ζεύγους καὶ τὰ γεγονότα ποὺ προηγήθηκαν τοῦ ἐγκλήματος στὸ σπίτι τους στὸ Κουκάκι.

ΑΘΗΝΑ, 7.— Ἀπὸ τὸ κακουργιοδικεῖο Πειραιῶς καταδικάσθηκε σὲ ἰσόβια δεσμὰ γιὰ τὸν φόνο τῆς συζύγου του ὁ κατηγορούμενος, ποὺ ὑποστήριξε ὅτι ἔδρασε κάτω ἀπὸ κατάσταση ψυχικῆς ταραχῆς. Ἡ ὑπόθεση ἀπασχόλησε τὸ δικαστήριο ἐπὶ τρεῖς ἡμέρες καὶ ἐξετάσθηκαν πολλοὶ μάρτυρες κατηγορίας καὶ ὑπερασπίσεως, οἱ ὁποῖοι κατέθεσαν γιὰ τὶς σχέσεις τοῦ ζεύγους καὶ τὰ γεγονότα ποὺ προηγήθηκαν τοῦ ἐγκλήματος στὸ σπίτι τους στὸ Κουκάκι.

ΑΘΗΝΑ, 7.— Ἀπὸ τὸ κακουργιοδικεῖο Πειραιῶς καταδικάσθηκε σὲ ἰσόβια δεσμὰ γιὰ τὸν φόνο τῆς συζύγου του ὁ κατηγορούμενος, ποὺ ὑποστήριξε ὅτι ἔδρασε κάτω ἀπὸ κατάσταση ψυχικῆς ταραχῆς. Ἡ ὑπόθεση ἀπασχόλησε τὸ δικαστήριο ἐπὶ τρεῖς ἡμέρες καὶ ἐξετάσθηκαν πολλοὶ μάρτυρες κατηγορίας καὶ ὑπερασπίσεως, οἱ ὁποῖοι κατέθεσαν γιὰ τὶς σχέσεις τοῦ ζεύγους καὶ τὰ γεγονότα ποὺ προηγήθηκαν τοῦ ἐγκλήματος στὸ σπίτι τους στὸ Κουκάκι.

ΑΘΗΝΑ, 7.— Ἀπὸ τὸ κακουργιοδικεῖο Πειραιῶς καταδικάσθηκε σὲ ἰσόβια δεσμὰ γιὰ τὸν φόνο τῆς συζύγου του ὁ κατηγορούμενος, ποὺ ὑποστήριξε ὅτι ἔδρασε κάτω ἀπὸ κατάσταση ψυχικῆς ταραχῆς. Ἡ ὑπόθεση ἀπασχόλησε τὸ δικαστήριο ἐπὶ τρεῖς ἡμέρες καὶ ἐξετάσθηκαν πολλοὶ μάρτυρες κατηγορίας καὶ ὑπερασπίσεως, οἱ ὁποῖοι κατέθεσαν γιὰ τὶς σχέσεις τοῦ ζεύγους καὶ τὰ γεγονότα ποὺ προηγήθηκαν τοῦ ἐγκλήματος στὸ σπίτι τους στὸ Κουκάκι.

Οἱ δύο διαρρῆκτες, ἀπὸ ἀριστερὰ Ε. Καρανάσιος καὶ Ε. Κουμπιώτης

ΑΘΗΝΑ, 7.— Ἀπὸ τὸ κακουργιοδικεῖο Πειραιῶς καταδικάσθηκε σὲ ἰσόβια δεσμὰ γιὰ τὸν φόνο τῆς συζύγου του ὁ κατηγορούμενος, ποὺ ὑποστήριξε ὅτι ἔδρασε κάτω ἀπὸ κατάσταση ψυχικῆς ταραχῆς. Ἡ ὑπόθεση ἀπασχόλησε τὸ δικαστήριο ἐπὶ τρεῖς ἡμέρες καὶ ἐξετάσθηκαν πολλοὶ μάρτυρες κατηγορίας καὶ ὑπερασπίσεως, οἱ ὁποῖοι κατέθεσαν γιὰ τὶς σχέσεις τοῦ ζεύγους καὶ τὰ γεγονότα ποὺ προηγήθηκαν τοῦ ἐγκλήματος στὸ σπίτι τους στὸ Κουκάκι.

Γιατροί ἀθηναϊκῆς κλινικῆς
Τὸν ἔβγαλαν καρκινοπαθὴ
καὶ τὸν ξανάκαναν
ἕναν μανιώδη τοξικομανῆ
Ἐνῶ ὁ ἄνθρωπος ἦταν ὑγιής.— Ἔκανε 1.300 ἐνέσεις μορφίνης σὲ πέντε μῆνες.— Ξόδεψε 2.000.000 δραχμές

ΑΘΗΝΑ, 7.— Ἀπὸ τὸ κακουργιοδικεῖο Πειραιῶς καταδικάσθηκε σὲ ἰσόβια δεσμὰ γιὰ τὸν φόνο τῆς συζύγου του ὁ κατηγορούμενος, ποὺ ὑποστήριξε ὅτι ἔδρασε κάτω ἀπὸ κατάσταση ψυχικῆς ταραχῆς. Ἡ ὑπόθεση ἀπασχόλησε τὸ δικαστήριο ἐπὶ τρεῖς ἡμέρες καὶ ἐξετάσθηκαν πολλοὶ μάρτυρες κατηγορίας καὶ ὑπερασπίσεως, οἱ ὁποῖοι κατέθεσαν γιὰ τὶς σχέσεις τοῦ ζεύγους καὶ τὰ γεγονότα ποὺ προηγήθηκαν τοῦ ἐγκλήματος στὸ σπίτι τους στὸ Κουκάκι.

ΑΘΗΝΑ, 7.— Ἀπὸ τὸ κακουργιοδικεῖο Πειραιῶς καταδικάσθηκε σὲ ἰσόβια δεσμὰ γιὰ τὸν φόνο τῆς συζύγου του ὁ κατηγορούμενος, ποὺ ὑποστήριξε ὅτι ἔδρασε κάτω ἀπὸ κατάσταση ψυχικῆς ταραχῆς. Ἡ ὑπόθεση ἀπασχόλησε τὸ δικαστήριο ἐπὶ τρεῖς ἡμέρες καὶ ἐξετάσθηκαν πολλοὶ μάρτυρες κατηγορίας καὶ ὑπερασπίσεως, οἱ ὁποῖοι κατέθεσαν γιὰ τὶς σχέσεις τοῦ ζεύγους καὶ τὰ γεγονότα ποὺ προηγήθηκαν τοῦ ἐγκλήματος στὸ σπίτι τους στὸ Κουκάκι.

ΑΘΗΝΑ, 7.— Ἀπὸ τὸ κακουργιοδικεῖο Πειραιῶς καταδικάσθηκε σὲ ἰσόβια δεσμὰ γιὰ τὸν φόνο τῆς συζύγου του ὁ κατηγορούμενος, ποὺ ὑποστήριξε ὅτι ἔδρασε κάτω ἀπὸ κατάσταση ψυχικῆς ταραχῆς. Ἡ ὑπόθεση ἀπασχόλησε τὸ δικαστήριο ἐπὶ τρεῖς ἡμέρες καὶ ἐξετάσθηκαν πολλοὶ μάρτυρες κατηγορίας καὶ ὑπερασπίσεως, οἱ ὁποῖοι κατέθεσαν γιὰ τὶς σχέσεις τοῦ ζεύγους καὶ τὰ γεγονότα ποὺ προηγήθηκαν τοῦ ἐγκλήματος στὸ σπίτι τους στὸ Κουκάκι.

ΑΘΗΝΑ, 7.— Ἀπὸ τὸ κακουργιοδικεῖο Πειραιῶς καταδικάσθηκε σὲ ἰσόβια δεσμὰ γιὰ τὸν φόνο τῆς συζύγου του ὁ κατηγορούμενος, ποὺ ὑποστήριξε ὅτι ἔδρασε κάτω ἀπὸ κατάσταση ψυχικῆς ταραχῆς. Ἡ ὑπόθεση ἀπασχόλησε τὸ δικαστήριο ἐπὶ τρεῖς ἡμέρες καὶ ἐξετάσθηκαν πολλοὶ μάρτυρες κατηγορίας καὶ ὑπερασπίσεως, οἱ ὁποῖοι κατέθεσαν γιὰ τὶς σχέσεις τοῦ ζεύγους καὶ τὰ γεγονότα ποὺ προηγήθηκαν τοῦ ἐγκλήματος στὸ σπίτι τους στὸ Κουκάκι.

ΑΘΗΝΑ, 7.— Ἀπὸ τὸ κακουργιοδικεῖο Πειραιῶς καταδικάσθηκε σὲ ἰσόβια δεσμὰ γιὰ τὸν φόνο τῆς συζύγου του ὁ κατηγορούμενος, ποὺ ὑποστήριξε ὅτι ἔδρασε κάτω ἀπὸ κατάσταση ψυχικῆς ταραχῆς. Ἡ ὑπόθεση ἀπασχόλησε τὸ δικαστήριο ἐπὶ τρεῖς ἡμέρες καὶ ἐξετάσθηκαν πολλοὶ μάρτυρες κατηγορίας καὶ ὑπερασπίσεως, οἱ ὁποῖοι κατέθεσαν γιὰ τὶς σχέσεις τοῦ ζεύγους καὶ τὰ γεγονότα ποὺ προηγήθηκαν τοῦ ἐγκλήματος στὸ σπίτι τους στὸ Κουκάκι.

ΑΘΗΝΑ, 7.— Ἀπὸ τὸ κακουργιοδικεῖο Πειραιῶς καταδικάσθηκε σὲ ἰσόβια δεσμὰ γιὰ τὸν φόνο τῆς συζύγου του ὁ κατηγορούμενος, ποὺ ὑποστήριξε ὅτι ἔδρασε κάτω ἀπὸ κατάσταση ψυχικῆς ταραχῆς. Ἡ ὑπόθεση ἀπασχόλησε τὸ δικαστήριο ἐπὶ τρεῖς ἡμέρες καὶ ἐξετάσθηκαν πολλοὶ μάρτυρες κατηγορίας καὶ ὑπερασπίσεως, οἱ ὁποῖοι κατέθεσαν γιὰ τὶς σχέσεις τοῦ ζεύγους καὶ τὰ γεγονότα ποὺ προηγήθηκαν τοῦ ἐγκλήματος στὸ σπίτι τους στὸ Κουκάκι.

ΑΘΗΝΑ, 7.— Ἀπὸ τὸ κακουργιοδικεῖο Πειραιῶς καταδικάσθηκε σὲ ἰσόβια δεσμὰ γιὰ τὸν φόνο τῆς συζύγου του ὁ κατηγορούμενος, ποὺ ὑποστήριξε ὅτι ἔδρασε κάτω ἀπὸ κατάσταση ψυχικῆς ταραχῆς. Ἡ ὑπόθεση ἀπασχόλησε τὸ δικαστήριο ἐπὶ τρεῖς ἡμέρες καὶ ἐξετάσθηκαν πολλοὶ μάρτυρες κατηγορίας καὶ ὑπερασπίσεως, οἱ ὁποῖοι κατέθεσαν γιὰ τὶς σχέσεις τοῦ ζεύγους καὶ τὰ γεγονότα ποὺ προηγήθηκαν τοῦ ἐγκλήματος στὸ σπίτι τους στὸ Κουκάκι.

ΑΘΗΝΑ, 7.— Ἀπὸ τὸ κακουργιοδικεῖο Πειραιῶς καταδικάσθηκε σὲ ἰσόβια δεσμὰ γιὰ τὸν φόνο τῆς συζύγου του ὁ κατηγορούμενος, ποὺ ὑποστήριξε ὅτι ἔδρασε κάτω ἀπὸ κατάσταση ψυχικῆς ταραχῆς. Ἡ ὑπόθεση ἀπασχόλησε τὸ δικαστήριο ἐπὶ τρεῖς ἡμέρες καὶ ἐξετάσθηκαν πολλοὶ μάρτυρες κατηγορίας καὶ ὑπερασπίσεως, οἱ ὁποῖοι κατέθεσαν γιὰ τὶς σχέσεις τοῦ ζεύγους καὶ τὰ γεγονότα ποὺ προηγήθηκαν τοῦ ἐγκλήματος στὸ σπίτι τους στὸ Κουκάκι.

ΑΘΗΝΑ, 7.— Ἀπὸ τὸ κακουργιοδικεῖο Πειραιῶς καταδικάσθηκε σὲ ἰσόβια δεσμὰ γιὰ τὸν φόνο τῆς συζύγου του ὁ κατηγορούμενος, ποὺ ὑποστήριξε ὅτι ἔδρασε κάτω ἀπὸ κατάσταση ψυχικῆς ταραχῆς. Ἡ ὑπόθεση ἀπασχόλησε τὸ δικαστήριο ἐπὶ τρεῖς ἡμέρες καὶ ἐξετάσθηκαν πολλοὶ μάρτυρες κατηγορίας καὶ ὑπερασπίσεως, οἱ ὁποῖοι κατέθεσαν γιὰ τὶς σχέσεις τοῦ ζεύγους καὶ τὰ γεγονότα ποὺ προηγήθηκαν τοῦ ἐγκλήματος στὸ σπίτι τους στὸ Κουκάκι.

Στὸ Κουφόπουλο Ἠλείας
ΜΕ ΚΑΡΑΜΠΙΝΑ ΚΑΙ ΤΣΕΚΟΥΡΙ
«ΑΙΧΜΑΛΩΤΙΣΕ» ΕΝΑ ΧΩΡΙΟ
«Ἀκίνδυνος» ψυχοπαθής.— Τραυμάτισε χωροφύλακα καὶ χειριστὴ ἐκσκαφέα.— Τὸν πείραξε τὸ ρεῦμα

ΑΘΗΝΑ, 7.— Ἀπὸ τὸ κακουργιοδικεῖο Πειραιῶς καταδικάσθηκε σὲ ἰσόβια δεσμὰ γιὰ τὸν φόνο τῆς συζύγου του ὁ κατηγορούμενος, ποὺ ὑποστήριξε ὅτι ἔδρασε κάτω ἀπὸ κατάσταση ψυχικῆς ταραχῆς. Ἡ ὑπόθεση ἀπασχόλησε τὸ δικαστήριο ἐπὶ τρεῖς ἡμέρες καὶ ἐξετάσθηκαν πολλοὶ μάρτυρες κατηγορίας καὶ ὑπερασπίσεως, οἱ ὁποῖοι κατέθεσαν γιὰ τὶς σχέσεις τοῦ ζεύγους καὶ τὰ γεγονότα ποὺ προηγήθηκαν τοῦ ἐγκλήματος στὸ σπίτι τους στὸ Κουκάκι.

ΑΘΗΝΑ, 7.— Ἀπὸ τὸ κακουργιοδικεῖο Πειραιῶς καταδικάσθηκε σὲ ἰσόβια δεσμὰ γιὰ τὸν φόνο τῆς συζύγου του ὁ κατηγορούμενος, ποὺ ὑποστήριξε ὅτι ἔδρασε κάτω ἀπὸ κατάσταση ψυχικῆς ταραχῆς. Ἡ ὑπόθεση ἀπασχόλησε τὸ δικαστήριο ἐπὶ τρεῖς ἡμέρες καὶ ἐξετάσθηκαν πολλοὶ μάρτυρες κατηγορίας καὶ ὑπερασπίσεως, οἱ ὁποῖοι κατέθεσαν γιὰ τὶς σχέσεις τοῦ ζεύγους καὶ τὰ γεγονότα ποὺ προηγήθηκαν τοῦ ἐγκλήματος στὸ σπίτι τους στὸ Κουκάκι.

ΑΘΗΝΑ, 7.— Ἀπὸ τὸ κακουργιοδικεῖο Πειραιῶς καταδικάσθηκε σὲ ἰσόβια δεσμὰ γιὰ τὸν φόνο τῆς συζύγου του ὁ κατηγορούμενος, ποὺ ὑποστήριξε ὅτι ἔδρασε κάτω ἀπὸ κατάσταση ψυχικῆς ταραχῆς. Ἡ ὑπόθεση ἀπασχόλησε τὸ δικαστήριο ἐπὶ τρεῖς ἡμέρες καὶ ἐξετάσθηκαν πολλοὶ μάρτυρες κατηγορίας καὶ ὑπερασπίσεως, οἱ ὁποῖοι κατέθεσαν γιὰ τὶς σχέσεις τοῦ ζεύγους καὶ τὰ γεγονότα ποὺ προηγήθηκαν τοῦ ἐγκλήματος στὸ σπίτι τους στὸ Κουκάκι.

ΑΘΗΝΑ, 7.— Ἀπὸ τὸ κακουργιοδικεῖο Πειραιῶς καταδικάσθηκε σὲ ἰσόβια δεσμὰ γιὰ τὸν φόνο τῆς συζύγου του ὁ κατηγορούμενος, ποὺ ὑποστήριξε ὅτι ἔδρασε κάτω ἀπὸ κατάσταση ψυχικῆς ταραχῆς. Ἡ ὑπόθεση ἀπασχόλησε τὸ δικαστήριο ἐπὶ τρεῖς ἡμέρες καὶ ἐξετάσθηκαν πολλοὶ μάρτυρες κατηγορίας καὶ ὑπερασπίσεως, οἱ ὁποῖοι κατέθεσαν γιὰ τὶς σχέσεις τοῦ ζεύγους καὶ τὰ γεγονότα ποὺ προηγήθηκαν τοῦ ἐγκλήματος στὸ σπίτι τους στὸ Κουκάκι.

ΑΘΗΝΑ, 7.— Ἀπὸ τὸ κακουργιοδικεῖο Πειραιῶς καταδικάσθηκε σὲ ἰσόβια δεσμὰ γιὰ τὸν φόνο τῆς συζύγου του ὁ κατηγορούμενος, ποὺ ὑποστήριξε ὅτι ἔδρασε κάτω ἀπὸ κατάσταση ψυχικῆς ταραχῆς. Ἡ ὑπόθεση ἀπασχόλησε τὸ δικαστήριο ἐπὶ τρεῖς ἡμέρες καὶ ἐξετάσθηκαν πολλοὶ μάρτυρες κατηγορίας καὶ ὑπερασπίσεως, οἱ ὁποῖοι κατέθεσαν γιὰ τὶς σχέσεις τοῦ ζεύγους καὶ τὰ γεγονότα ποὺ προηγήθηκαν τοῦ ἐγκλήματος στὸ σπίτι τους στὸ Κουκάκι.

ΑΘΗΝΑ, 7.— Ἀπὸ τὸ κακουργιοδικεῖο Πειραιῶς καταδικάσθηκε σὲ ἰσόβια δεσμὰ γιὰ τὸν φόνο τῆς συζύγου του ὁ κατηγορούμενος, ποὺ ὑποστήριξε ὅτι ἔδρασε κάτω ἀπὸ κατάσταση ψυχικῆς ταραχῆς. Ἡ ὑπόθεση ἀπασχόλησε τὸ δικαστήριο ἐπὶ τρεῖς ἡμέρες καὶ ἐξετάσθηκαν πολλοὶ μάρτυρες κατηγορίας καὶ ὑπερασπίσεως, οἱ ὁποῖοι κατέθεσαν γιὰ τὶς σχέσεις τοῦ ζεύγους καὶ τὰ γεγονότα ποὺ προηγήθηκαν τοῦ ἐγκλήματος στὸ σπίτι τους στὸ Κουκάκι.

ΔΙΚΗΓΟΡΟΙ ΠΡΟΤΕΙΝΟΥΝ ΤΗΝ ΣΥΣΤΑΣΗ ΕΝΟΣ ΤΑΜΕΙΟΥ ΜΕ ΑΡΜΟΔΙΟΤΗΤΑ ΤΗΝ ΕΙΣΠΡΑΞΗ ΤΩΝ ΑΜΟΙΒΩΝ ΓΙΑ ΤΗΝ ΠΑΡΑΣΤΑΣΗ ΣΤΗΝ ΥΠΟΓΡΑΦΗ ΣΥΜΒΟΛΑΙΩΝ

ΑΘΗΝΑ, 7.— Ἀπὸ τὸ κακουργιοδικεῖο Πειραιῶς καταδικάσθηκε σὲ ἰσόβια δεσμὰ γιὰ τὸν φόνο τῆς συζύγου του ὁ κατηγορούμενος, ποὺ ὑποστήριξε ὅτι ἔδρασε κάτω ἀπὸ κατάσταση ψυχικῆς ταραχῆς. Ἡ ὑπόθεση ἀπασχόλησε τὸ δικαστήριο ἐπὶ τρεῖς ἡμέρες καὶ ἐξετάσθηκαν πολλοὶ μάρτυρες κατηγορίας καὶ ὑπερασπίσεως, οἱ ὁποῖοι κατέθεσαν γιὰ τὶς σχέσεις τοῦ ζεύγους καὶ τὰ γεγονότα ποὺ προηγήθηκαν τοῦ ἐγκλήματος στὸ σπίτι τους στὸ Κουκάκι.

ΑΘΗΝΑ, 7.— Ἀπὸ τὸ κακουργιοδικεῖο Πειραιῶς καταδικάσθηκε σὲ ἰσόβια δεσμὰ γιὰ τὸν φόνο τῆς συζύγου του ὁ κατηγορούμενος, ποὺ ὑποστήριξε ὅτι ἔδρασε κάτω ἀπὸ κατάσταση ψυχικῆς ταραχῆς. Ἡ ὑπόθεση ἀπασχόλησε τὸ δικαστήριο ἐπὶ τρεῖς ἡμέρες καὶ ἐξετάσθηκαν πολλοὶ μάρτυρες κατηγορίας καὶ ὑπερασπίσεως, οἱ ὁποῖοι κατέθεσαν γιὰ τὶς σχέσεις τοῦ ζεύγους καὶ τὰ γεγονότα ποὺ προηγήθηκαν τοῦ ἐγκλήματος στὸ σπίτι τους στὸ Κουκάκι.

ΑΘΗΝΑ, 7.— Ἀπὸ τὸ κακουργιοδικεῖο Πειραιῶς καταδικάσθηκε σὲ ἰσόβια δεσμὰ γιὰ τὸν φόνο τῆς συζύγου του ὁ κατηγορούμενος, ποὺ ὑποστήριξε ὅτι ἔδρασε κάτω ἀπὸ κατάσταση ψυχικῆς ταραχῆς. Ἡ ὑπόθεση ἀπασχόλησε τὸ δικαστήριο ἐπὶ τρεῖς ἡμέρες καὶ ἐξετάσθηκαν πολλοὶ μάρτυρες κατηγορίας καὶ ὑπερασπίσεως, οἱ ὁποῖοι κατέθεσαν γιὰ τὶς σχέσεις τοῦ ζεύγους καὶ τὰ γεγονότα ποὺ προηγήθηκαν τοῦ ἐγκλήματος στὸ σπίτι τους στὸ Κουκάκι.

Σελίς 3
ΣΤΗ ΘΕΣΣΑΛΟΝΙΚΗ
ΟΙ ΕΠΙΧΕΙΡΗΣΕΙΣ ΠΡΕΠΕΙ ΝΑ ΘΕΩΡΗΣΟΥΝ ΤΟΥΣ ΠΙΝΑΚΕΣ ΜΕ ΤΑ ΩΡΑΡΙΑ
ΠΑΡΟΧΗ ΔΙΕΥΚΡΙΝΗΣΕΩΝ ΓΙΑ ΜΙΚΡΑ ΚΑΤΑΣΤΗΜΑΤΑ

ΑΘΗΝΑ, 7.— Ἀπὸ τὸ κακουργιοδικεῖο Πειραιῶς καταδικάσθηκε σὲ ἰσόβια δεσμὰ γιὰ τὸν φόνο τῆς συζύγου του ὁ κατηγορούμενος, ποὺ ὑποστήριξε ὅτι ἔδρασε κάτω ἀπὸ κατάσταση ψυχικῆς ταραχῆς. Ἡ ὑπόθεση ἀπασχόλησε τὸ δικαστήριο ἐπὶ τρεῖς ἡμέρες καὶ ἐξετάσθηκαν πολλοὶ μάρτυρες κατηγορίας καὶ ὑπερασπίσεως, οἱ ὁποῖοι κατέθεσαν γιὰ τὶς σχέσεις τοῦ ζεύγους καὶ τὰ γεγονότα ποὺ προηγήθηκαν τοῦ ἐγκλήματος στὸ σπίτι τους στὸ Κουκάκι.

ΑΘΗΝΑ, 7.— Ἀπὸ τὸ κακουργιοδικεῖο Πειραιῶς καταδικάσθηκε σὲ ἰσόβια δεσμὰ γιὰ τὸν φόνο τῆς συζύγου του ὁ κατηγορούμενος, ποὺ ὑποστήριξε ὅτι ἔδρασε κάτω ἀπὸ κατάσταση ψυχικῆς ταραχῆς. Ἡ ὑπόθεση ἀπασχόλησε τὸ δικαστήριο ἐπὶ τρεῖς ἡμέρες καὶ ἐξετάσθηκαν πολλοὶ μάρτυρες κατηγορίας καὶ ὑπερασπίσεως, οἱ ὁποῖοι κατέθεσαν γιὰ τὶς σχέσεις τοῦ ζεύγους καὶ τὰ γεγονότα ποὺ προηγήθηκαν τοῦ ἐγκλήματος στὸ σπίτι τους στὸ Κουκάκι.

ΑΘΗΝΑ, 7.— Ἀπὸ τὸ κακουργιοδικεῖο Πειραιῶς καταδικάσθηκε σὲ ἰσόβια δεσμὰ γιὰ τὸν φόνο τῆς συζύγου του ὁ κατηγορούμενος, ποὺ ὑποστήριξε ὅτι ἔδρασε κάτω ἀπὸ κατάσταση ψυχικῆς ταραχῆς. Ἡ ὑπόθεση ἀπασχόλησε τὸ δικαστήριο ἐπὶ τρεῖς ἡμέρες καὶ ἐξετάσθηκαν πολλοὶ μάρτυρες κατηγορίας καὶ ὑπερασπίσεως, οἱ ὁποῖοι κατέθεσαν γιὰ τὶς σχέσεις τοῦ ζεύγους καὶ τὰ γεγονότα ποὺ προηγήθηκαν τοῦ ἐγκλήματος στὸ σπίτι τους στὸ Κουκάκι.

ΣΤΗΝ ΠΕΝΤΕΛΗ
ΚΑΚΟΠΟΙΗΣΕ ΚΟΡΙΤΣΑΚΙ ΜΕ ΤΗΝ ΑΠΕΙΛΗ ΜΑΧΑΙΡΙΟΥ
ΕΝΑΣ ΕΠΟΧΟΥΜΕΝΟΣ 29 ΕΤΩΝ ΠΟΥ ΣΥΝΕΛΗΦΘΗ

ΑΘΗΝΑ, 7.— Ἀπὸ τὸ κακουργιοδικεῖο Πειραιῶς καταδικάσθηκε σὲ ἰσόβια δεσμὰ γιὰ τὸν φόνο τῆς συζύγου του ὁ κατηγορούμενος, ποὺ ὑποστήριξε ὅτι ἔδρασε κάτω ἀπὸ κατάσταση ψυχικῆς ταραχῆς. Ἡ ὑπόθεση ἀπασχόλησε τὸ δικαστήριο ἐπὶ τρεῖς ἡμέρες καὶ ἐξετάσθηκαν πολλοὶ μάρτυρες κατηγορίας καὶ ὑπερασπίσεως, οἱ ὁποῖοι κατέθεσαν γιὰ τὶς σχέσεις τοῦ ζεύγους καὶ τὰ γεγονότα ποὺ προηγήθηκαν τοῦ ἐγκλήματος στὸ σπίτι τους στὸ Κουκάκι.

ΣΤΗΝ ΟΘΩΝ
«ΔΑΣΚΑΛΟΙ» ΕΛΛΗΝΙΚΩΝ ΛΗΣΤΕΨΑΝ ΑΡΓΑΟ ΚΑΝΕΝΗΤΗ
ΟΤΑΝ ΤΟΥΣ ΚΑΛΕΣΕ ΣΤΟ ΣΠΙΤΙ ΤΟΥ

ΑΘΗΝΑ, 7.— Ἀπὸ τὸ κακουργιοδικεῖο Πειραιῶς καταδικάσθηκε σὲ ἰσόβια δεσμὰ γιὰ τὸν φόνο τῆς συζύγου του ὁ κατηγορούμενος, ποὺ ὑποστήριξε ὅτι ἔδρασε κάτω ἀπὸ κατάσταση ψυχικῆς ταραχῆς. Ἡ ὑπόθεση ἀπασχόλησε τὸ δικαστήριο ἐπὶ τρεῖς ἡμέρες καὶ ἐξετάσθηκαν πολλοὶ μάρτυρες κατηγορίας καὶ ὑπερασπίσεως, οἱ ὁποῖοι κατέθεσαν γιὰ τὶς σχέσεις τοῦ ζεύγους καὶ τὰ γεγονότα ποὺ προηγήθηκαν τοῦ ἐγκλήματος στὸ σπίτι τους στὸ Κουκάκι.

ΑΝΑΝΕΩΝΕΤΑΙ Η ΧΡΑΒΙΑ ΕΡΓΑΣΙΑΣ ΤΩΝ ΠΛΟΙΑΡΧΩΝ

ΑΘΗΝΑ, 7.— Ἀπὸ τὸ κακουργιοδικεῖο Πειραιῶς καταδικάσθηκε σὲ ἰσόβια δεσμὰ γιὰ τὸν φόνο τῆς συζύγου του ὁ κατηγορούμενος, ποὺ ὑποστήριξε ὅτι ἔδρασε κάτω ἀπὸ κατάσταση ψυχικῆς ταραχῆς. Ἡ ὑπόθεση ἀπασχόλησε τὸ δικαστήριο ἐπὶ τρεῖς ἡμέρες καὶ ἐξετάσθηκαν πολλοὶ μάρτυρες κατηγορίας καὶ ὑπερασπίσεως, οἱ ὁποῖοι κατέθεσαν γιὰ τὶς σχέσεις τοῦ ζεύγους καὶ τὰ γεγονότα ποὺ προηγήθηκαν τοῦ ἐγκλήματος στὸ σπίτι τους στὸ Κουκάκι.

ΜΑΘΗΜΑΤΑ ΕΠΙΜΟΡΦΩΣΕΩΣ ΤΩΝ ΣΤΕΛΕΧΩΝ ΑΣΤΙΚΩΝ ΚΕΝΤΡΩΝ

ΑΘΗΝΑ, 7.— Ἀπὸ τὸ κακουργιοδικεῖο Πειραιῶς καταδικάσθηκε σὲ ἰσόβια δεσμὰ γιὰ τὸν φόνο τῆς συζύγου του ὁ κατηγορούμενος, ποὺ ὑποστήριξε ὅτι ἔδρασε κάτω ἀπὸ κατάσταση ψυχικῆς ταραχῆς. Ἡ ὑπόθεση ἀπασχόλησε τὸ δικαστήριο ἐπὶ τρεῖς ἡμέρες καὶ ἐξετάσθηκαν πολλοὶ μάρτυρες κατηγορίας καὶ ὑπερασπίσεως, οἱ ὁποῖοι κατέθεσαν γιὰ τὶς σχέσεις τοῦ ζεύγους καὶ τὰ γεγονότα ποὺ προηγήθηκαν τοῦ ἐγκλήματος στὸ σπίτι τους στὸ Κουκάκι.

ΑΘΗΝΑ, 7.— Ἀπὸ τὸ κακουργιοδικεῖο Πειραιῶς καταδικάσθηκε σὲ ἰσόβια δεσμὰ γιὰ τὸν φόνο τῆς συζύγου του ὁ κατηγορούμενος, ποὺ ὑποστήριξε ὅτι ἔδρασε κάτω ἀπὸ κατάσταση ψυχικῆς ταραχῆς. Ἡ ὑπόθεση ἀπασχόλησε τὸ δικαστήριο ἐπὶ τρεῖς ἡμέρες καὶ ἐξετάσθηκαν πολλοὶ μάρτυρες κατηγορίας καὶ ὑπερασπίσεως, οἱ ὁποῖοι κατέθεσαν γιὰ τὶς σχέσεις τοῦ ζεύγους καὶ τὰ γεγονότα ποὺ προηγήθηκαν τοῦ ἐγκλήματος στὸ σπίτι τους στὸ Κουκάκι.

5.000.000 ΔΡΑΧΜΕΣ ΓΙΑ ΕΠΑΡΧΙΑΚΟΥΣ ΔΡΟΜΟΥΣ ΣΤΟ ΝΟΜΟ ΡΟΔΟΠΗΣ

ΑΘΗΝΑ, 7.— Ἀπὸ τὸ κακουργιοδικεῖο Πειραιῶς καταδικάσθηκε σὲ ἰσόβια δεσμὰ γιὰ τὸν φόνο τῆς συζύγου του ὁ κατηγορούμενος, ποὺ ὑποστήριξε ὅτι ἔδρασε κάτω ἀπὸ κατάσταση ψυχικῆς ταραχῆς. Ἡ ὑπόθεση ἀπασχόλησε τὸ δικαστήριο ἐπὶ τρεῖς ἡμέρες καὶ ἐξετάσθηκαν πολλοὶ μάρτυρες κατηγορίας καὶ ὑπερασπίσεως, οἱ ὁποῖοι κατέθεσαν γιὰ τὶς σχέσεις τοῦ ζεύγους καὶ τὰ γεγονότα ποὺ προηγήθηκαν τοῦ ἐγκλήματος στὸ σπίτι τους στὸ Κουκάκι.

ΣΥΝΘΗΜΑΤΑ ΕΝΑΝΤΙΟΝ ΤΗΣ ΚΥΒΕΡΝΗΣΕΩΣ

ΑΘΗΝΑ, 7.— Ἀπὸ τὸ κακουργιοδικεῖο Πειραιῶς καταδικάσθηκε σὲ ἰσόβια δεσμὰ γιὰ τὸν φόνο τῆς συζύγου του ὁ κατηγορούμενος, ποὺ ὑποστήριξε ὅτι ἔδρασε κάτω ἀπὸ κατάσταση ψυχικῆς ταραχῆς. Ἡ ὑπόθεση ἀπασχόλησε τὸ δικαστήριο ἐπὶ τρεῖς ἡμέρες καὶ ἐξετάσθηκαν πολλοὶ μάρτυρες κατηγορίας καὶ ὑπερασπίσεως, οἱ ὁποῖοι κατέθεσαν γιὰ τὶς σχέσεις τοῦ ζεύγους καὶ τὰ γεγονότα ποὺ προηγήθηκαν τοῦ ἐγκλήματος στὸ σπίτι τους στὸ Κουκάκι.

ΑΝΑΖΗΤΕΙΤΑΙ ΚΛΗΡΟΝΟΜΟΣ

ΑΘΗΝΑ, 7.— Ἀπὸ τὸ κακουργιοδικεῖο Πειραιῶς καταδικάσθηκε σὲ ἰσόβια δεσμὰ γιὰ τὸν φόνο τῆς συζύγου του ὁ κατηγορούμενος, ποὺ ὑποστήριξε ὅτι ἔδρασε κάτω ἀπὸ κατάσταση ψυχικῆς ταραχῆς. Ἡ ὑπόθεση ἀπασχόλησε τὸ δικαστήριο ἐπὶ τρεῖς ἡμέρες καὶ ἐξετάσθηκαν πολλοὶ μάρτυρες κατηγορίας καὶ ὑπερασπίσεως, οἱ ὁποῖοι κατέθεσαν γιὰ τὶς σχέσεις τοῦ ζεύγους καὶ τὰ γεγονότα ποὺ προηγήθηκαν τοῦ ἐγκλήματος στὸ σπίτι τους στὸ Κουκάκι.

ΑΥΤΟΚΤΟΝΗΣΕ ΣΕ ΠΗΓΑΔΙ

ΑΘΗΝΑ, 7.— Ἀπὸ τὸ κακουργιοδικεῖο Πειραιῶς καταδικάσθηκε σὲ ἰσόβια δεσμὰ γιὰ τὸν φόνο τῆς συζύγου του ὁ κατηγορούμενος, ποὺ ὑποστήριξε ὅτι ἔδρασε κάτω ἀπὸ κατάσταση ψυχικῆς ταραχῆς. Ἡ ὑπόθεση ἀπασχόλησε τὸ δικαστήριο ἐπὶ τρεῖς ἡμέρες καὶ ἐξετάσθηκαν πολλοὶ μάρτυρες κατηγορίας καὶ ὑπερασπίσεως, οἱ ὁποῖοι κατέθεσαν γιὰ τὶς σχέσεις τοῦ ζεύγους καὶ τὰ γεγονότα ποὺ προηγήθηκαν τοῦ ἐγκλήματος στὸ σπίτι τους στὸ Κουκάκι.
